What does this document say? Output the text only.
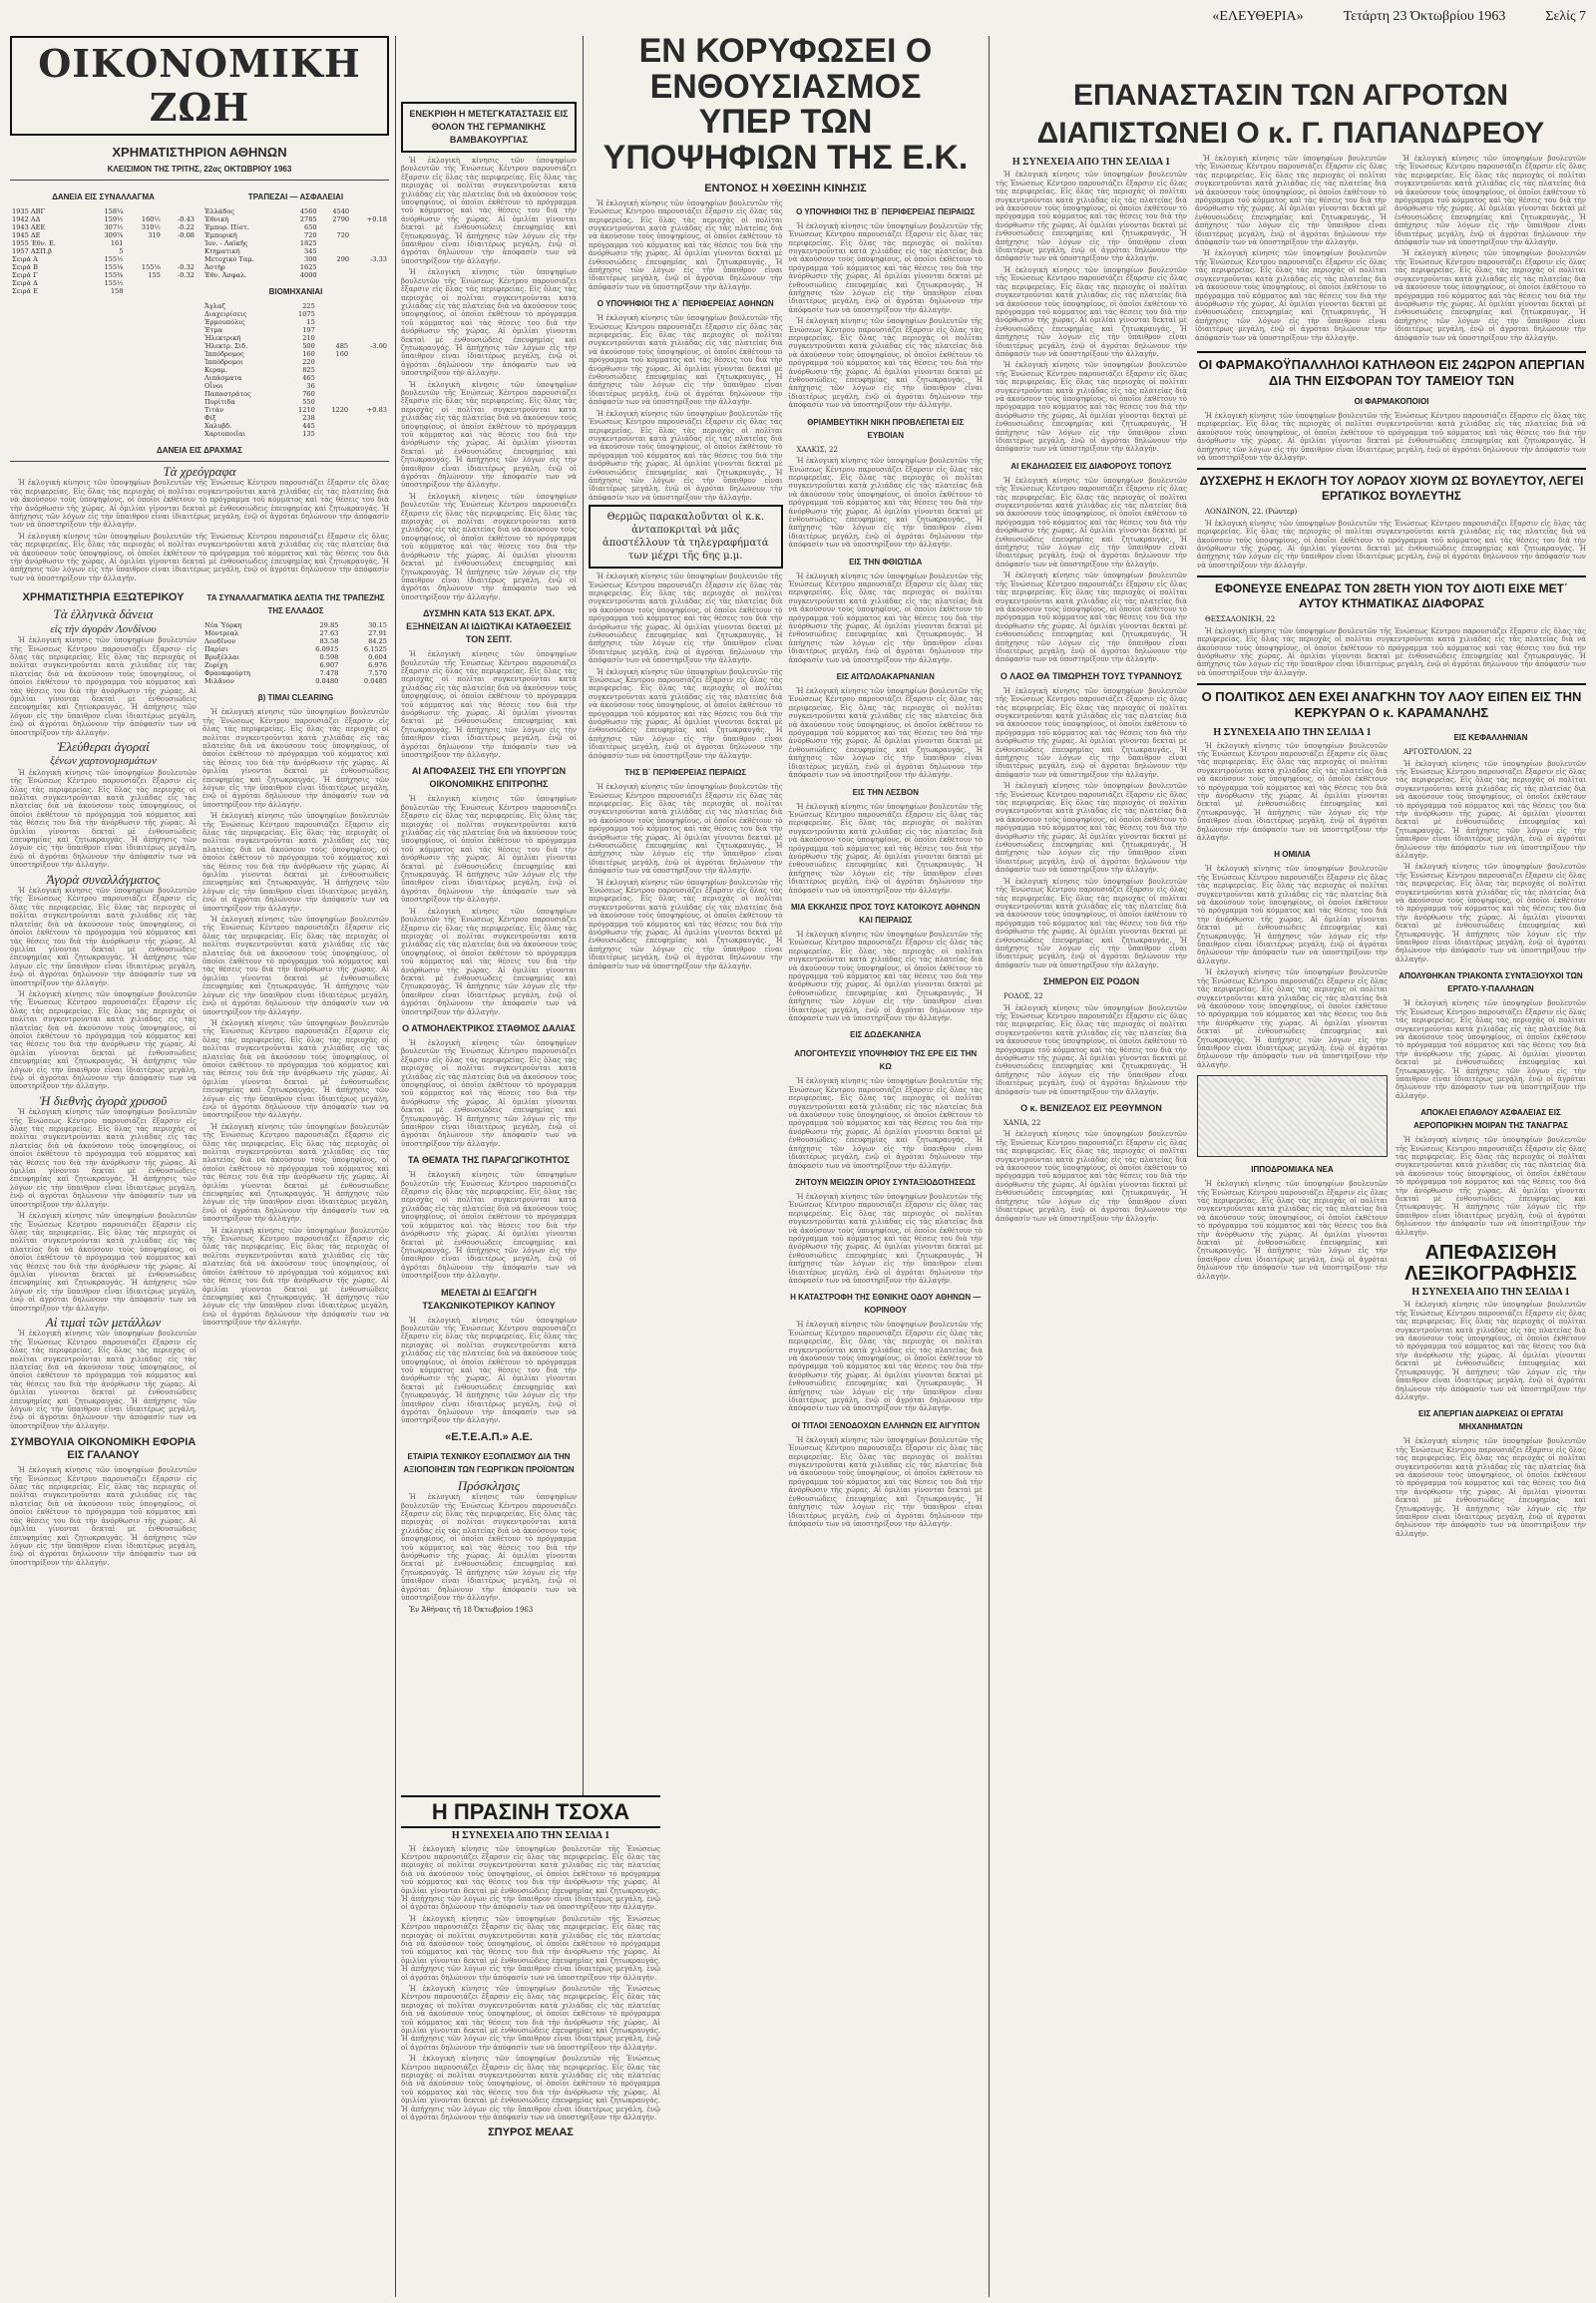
«ΕΛΕΥΘΕΡΙΑ»	Τετάρτη 23 Όκτωβρίου 1963	Σελίς 7
ΟΙΚΟΝΟΜΙΚΗ ΖΩΗ
ΧΡΗΜΑΤΙΣΤΗΡΙΟΝ ΑΘΗΝΩΝ
ΚΛΕΙΣΙΜΟΝ ΤΗΣ ΤΡΙΤΗΣ, 22ας ΟΚΤΩΒΡΙΟΥ 1963
ΔΑΝΕΙΑ ΕΙΣ ΣΥΝΑΛΛΑΓΜΑ
1935 ΑΒΓ	158¼		
1942 ΑΔ	159½	160½	-0.43
1943 ΑΕΕ	307½	310½	-0.22
1945 ΔΕ	309⅞	319	-0.08
1955 Έθν. Ε.	161		
1957 ΑΣΠ.β	5		
Σειρὰ Α	155½		
Σειρὰ Β	155⅛	155⅛	-0.32
Σειρὰ Γ	155⅜	155	-0.32
Σειρὰ Δ	155½		
Σειρὰ Ε	158		
ΤΡΑΠΕΖΑΙ — ΑΣΦΑΛΕΙΑΙ
Ἑλλάδος	4560	4540	
Ἐθνική	2785	2790	+0.18
Ἐμπορ. Πίστ.	650		
Ἐμπορική	720	720	
Ἰον. - Λαϊκῆς	1825		
Κτηματική	345		
Μετοχικὸ Ταμ.	300	290	-3.33
Ἀστήρ	1625		
Ἐθν. Ἀσφαλ.	4000		
ΒΙΟΜΗΧΑΝΙΑΙ
Ἄγλαζ	225		
Διαχειρίσεις	1075		
Ἐρμουπόλις	15		
Ἐτμα	197		
Ἡλεκτρική	210		
Ἠλεκτρ. Σιδ.	500	485	-3.00
Ἰππόδρομος	160	160	
Ἰππόδρομοι	220		
Κεραμ.	825		
Λιπάσματα	465		
Οἶνοι	36		
Παπαστράτος	760		
Πυρίτιδα	550		
Τιτάν	1210	1220	+0.83
Φίξ	238		
Χαλυβδ.	445		
Χαρτοποιΐαι	135		
ΔΑΝΕΙΑ ΕΙΣ ΔΡΑΧΜΑΣ
Τὰ χρεόγραφα

Ἡ ἐκλογικὴ κίνησις τῶν ὑποψηφίων βουλευτῶν τῆς Ἑνώσεως Κέντρου παρουσιάζει ἔξαρσιν εἰς ὅλας τὰς περιφερείας. Εἰς ὅλας τὰς περιοχὰς οἱ πολῖται συγκεντροῦνται κατὰ χιλιάδας εἰς τὰς πλατείας διὰ νὰ ἀκούσουν τοὺς ὑποψηφίους, οἱ ὁποῖοι ἐκθέτουν τὸ πρόγραμμα τοῦ κόμματος καὶ τὰς θέσεις του διὰ τὴν ἀνόρθωσιν τῆς χώρας. Αἱ ὁμιλίαι γίνονται δεκταὶ μὲ ἐνθουσιώδεις ἐπευφημίας καὶ ζητωκραυγάς. Ἡ ἀπήχησις τῶν λόγων εἰς τὴν ὕπαιθρον εἶναι ἰδιαιτέρως μεγάλη, ἐνῷ οἱ ἀγρόται δηλώνουν τὴν ἀπόφασίν των νὰ ὑποστηρίξουν τὴν ἀλλαγήν.

Ἡ ἐκλογικὴ κίνησις τῶν ὑποψηφίων βουλευτῶν τῆς Ἑνώσεως Κέντρου παρουσιάζει ἔξαρσιν εἰς ὅλας τὰς περιφερείας. Εἰς ὅλας τὰς περιοχὰς οἱ πολῖται συγκεντροῦνται κατὰ χιλιάδας εἰς τὰς πλατείας διὰ νὰ ἀκούσουν τοὺς ὑποψηφίους, οἱ ὁποῖοι ἐκθέτουν τὸ πρόγραμμα τοῦ κόμματος καὶ τὰς θέσεις του διὰ τὴν ἀνόρθωσιν τῆς χώρας. Αἱ ὁμιλίαι γίνονται δεκταὶ μὲ ἐνθουσιώδεις ἐπευφημίας καὶ ζητωκραυγάς. Ἡ ἀπήχησις τῶν λόγων εἰς τὴν ὕπαιθρον εἶναι ἰδιαιτέρως μεγάλη, ἐνῷ οἱ ἀγρόται δηλώνουν τὴν ἀπόφασίν των νὰ ὑποστηρίξουν τὴν ἀλλαγήν.

ΧΡΗΜΑΤΙΣΤΗΡΙΑ ΕΞΩΤΕΡΙΚΟΥ
Τὰ ἑλληνικὰ δάνεια
εἰς τὴν ἀγορὰν Λονδίνου

Ἡ ἐκλογικὴ κίνησις τῶν ὑποψηφίων βουλευτῶν τῆς Ἑνώσεως Κέντρου παρουσιάζει ἔξαρσιν εἰς ὅλας τὰς περιφερείας. Εἰς ὅλας τὰς περιοχὰς οἱ πολῖται συγκεντροῦνται κατὰ χιλιάδας εἰς τὰς πλατείας διὰ νὰ ἀκούσουν τοὺς ὑποψηφίους, οἱ ὁποῖοι ἐκθέτουν τὸ πρόγραμμα τοῦ κόμματος καὶ τὰς θέσεις του διὰ τὴν ἀνόρθωσιν τῆς χώρας. Αἱ ὁμιλίαι γίνονται δεκταὶ μὲ ἐνθουσιώδεις ἐπευφημίας καὶ ζητωκραυγάς. Ἡ ἀπήχησις τῶν λόγων εἰς τὴν ὕπαιθρον εἶναι ἰδιαιτέρως μεγάλη, ἐνῷ οἱ ἀγρόται δηλώνουν τὴν ἀπόφασίν των νὰ ὑποστηρίξουν τὴν ἀλλαγήν.

Ἐλεύθεραι ἀγοραί
ξένων χαρτονομισμάτων

Ἡ ἐκλογικὴ κίνησις τῶν ὑποψηφίων βουλευτῶν τῆς Ἑνώσεως Κέντρου παρουσιάζει ἔξαρσιν εἰς ὅλας τὰς περιφερείας. Εἰς ὅλας τὰς περιοχὰς οἱ πολῖται συγκεντροῦνται κατὰ χιλιάδας εἰς τὰς πλατείας διὰ νὰ ἀκούσουν τοὺς ὑποψηφίους, οἱ ὁποῖοι ἐκθέτουν τὸ πρόγραμμα τοῦ κόμματος καὶ τὰς θέσεις του διὰ τὴν ἀνόρθωσιν τῆς χώρας. Αἱ ὁμιλίαι γίνονται δεκταὶ μὲ ἐνθουσιώδεις ἐπευφημίας καὶ ζητωκραυγάς. Ἡ ἀπήχησις τῶν λόγων εἰς τὴν ὕπαιθρον εἶναι ἰδιαιτέρως μεγάλη, ἐνῷ οἱ ἀγρόται δηλώνουν τὴν ἀπόφασίν των νὰ ὑποστηρίξουν τὴν ἀλλαγήν.

Ἀγορὰ συναλλάγματος

Ἡ ἐκλογικὴ κίνησις τῶν ὑποψηφίων βουλευτῶν τῆς Ἑνώσεως Κέντρου παρουσιάζει ἔξαρσιν εἰς ὅλας τὰς περιφερείας. Εἰς ὅλας τὰς περιοχὰς οἱ πολῖται συγκεντροῦνται κατὰ χιλιάδας εἰς τὰς πλατείας διὰ νὰ ἀκούσουν τοὺς ὑποψηφίους, οἱ ὁποῖοι ἐκθέτουν τὸ πρόγραμμα τοῦ κόμματος καὶ τὰς θέσεις του διὰ τὴν ἀνόρθωσιν τῆς χώρας. Αἱ ὁμιλίαι γίνονται δεκταὶ μὲ ἐνθουσιώδεις ἐπευφημίας καὶ ζητωκραυγάς. Ἡ ἀπήχησις τῶν λόγων εἰς τὴν ὕπαιθρον εἶναι ἰδιαιτέρως μεγάλη, ἐνῷ οἱ ἀγρόται δηλώνουν τὴν ἀπόφασίν των νὰ ὑποστηρίξουν τὴν ἀλλαγήν.

Ἡ ἐκλογικὴ κίνησις τῶν ὑποψηφίων βουλευτῶν τῆς Ἑνώσεως Κέντρου παρουσιάζει ἔξαρσιν εἰς ὅλας τὰς περιφερείας. Εἰς ὅλας τὰς περιοχὰς οἱ πολῖται συγκεντροῦνται κατὰ χιλιάδας εἰς τὰς πλατείας διὰ νὰ ἀκούσουν τοὺς ὑποψηφίους, οἱ ὁποῖοι ἐκθέτουν τὸ πρόγραμμα τοῦ κόμματος καὶ τὰς θέσεις του διὰ τὴν ἀνόρθωσιν τῆς χώρας. Αἱ ὁμιλίαι γίνονται δεκταὶ μὲ ἐνθουσιώδεις ἐπευφημίας καὶ ζητωκραυγάς. Ἡ ἀπήχησις τῶν λόγων εἰς τὴν ὕπαιθρον εἶναι ἰδιαιτέρως μεγάλη, ἐνῷ οἱ ἀγρόται δηλώνουν τὴν ἀπόφασίν των νὰ ὑποστηρίξουν τὴν ἀλλαγήν.

Ἡ διεθνὴς ἀγορὰ χρυσοῦ

Ἡ ἐκλογικὴ κίνησις τῶν ὑποψηφίων βουλευτῶν τῆς Ἑνώσεως Κέντρου παρουσιάζει ἔξαρσιν εἰς ὅλας τὰς περιφερείας. Εἰς ὅλας τὰς περιοχὰς οἱ πολῖται συγκεντροῦνται κατὰ χιλιάδας εἰς τὰς πλατείας διὰ νὰ ἀκούσουν τοὺς ὑποψηφίους, οἱ ὁποῖοι ἐκθέτουν τὸ πρόγραμμα τοῦ κόμματος καὶ τὰς θέσεις του διὰ τὴν ἀνόρθωσιν τῆς χώρας. Αἱ ὁμιλίαι γίνονται δεκταὶ μὲ ἐνθουσιώδεις ἐπευφημίας καὶ ζητωκραυγάς. Ἡ ἀπήχησις τῶν λόγων εἰς τὴν ὕπαιθρον εἶναι ἰδιαιτέρως μεγάλη, ἐνῷ οἱ ἀγρόται δηλώνουν τὴν ἀπόφασίν των νὰ ὑποστηρίξουν τὴν ἀλλαγήν.

Ἡ ἐκλογικὴ κίνησις τῶν ὑποψηφίων βουλευτῶν τῆς Ἑνώσεως Κέντρου παρουσιάζει ἔξαρσιν εἰς ὅλας τὰς περιφερείας. Εἰς ὅλας τὰς περιοχὰς οἱ πολῖται συγκεντροῦνται κατὰ χιλιάδας εἰς τὰς πλατείας διὰ νὰ ἀκούσουν τοὺς ὑποψηφίους, οἱ ὁποῖοι ἐκθέτουν τὸ πρόγραμμα τοῦ κόμματος καὶ τὰς θέσεις του διὰ τὴν ἀνόρθωσιν τῆς χώρας. Αἱ ὁμιλίαι γίνονται δεκταὶ μὲ ἐνθουσιώδεις ἐπευφημίας καὶ ζητωκραυγάς. Ἡ ἀπήχησις τῶν λόγων εἰς τὴν ὕπαιθρον εἶναι ἰδιαιτέρως μεγάλη, ἐνῷ οἱ ἀγρόται δηλώνουν τὴν ἀπόφασίν των νὰ ὑποστηρίξουν τὴν ἀλλαγήν.

Αἱ τιμαὶ τῶν μετάλλων

Ἡ ἐκλογικὴ κίνησις τῶν ὑποψηφίων βουλευτῶν τῆς Ἑνώσεως Κέντρου παρουσιάζει ἔξαρσιν εἰς ὅλας τὰς περιφερείας. Εἰς ὅλας τὰς περιοχὰς οἱ πολῖται συγκεντροῦνται κατὰ χιλιάδας εἰς τὰς πλατείας διὰ νὰ ἀκούσουν τοὺς ὑποψηφίους, οἱ ὁποῖοι ἐκθέτουν τὸ πρόγραμμα τοῦ κόμματος καὶ τὰς θέσεις του διὰ τὴν ἀνόρθωσιν τῆς χώρας. Αἱ ὁμιλίαι γίνονται δεκταὶ μὲ ἐνθουσιώδεις ἐπευφημίας καὶ ζητωκραυγάς. Ἡ ἀπήχησις τῶν λόγων εἰς τὴν ὕπαιθρον εἶναι ἰδιαιτέρως μεγάλη, ἐνῷ οἱ ἀγρόται δηλώνουν τὴν ἀπόφασίν των νὰ ὑποστηρίξουν τὴν ἀλλαγήν.

ΣΥΜΒΟΥΛΙΑ ΟΙΚΟΝΟΜΙΚΗ ΕΦΟΡΙΑ ΕΙΣ ΓΑΛΑΝΟΥ

Ἡ ἐκλογικὴ κίνησις τῶν ὑποψηφίων βουλευτῶν τῆς Ἑνώσεως Κέντρου παρουσιάζει ἔξαρσιν εἰς ὅλας τὰς περιφερείας. Εἰς ὅλας τὰς περιοχὰς οἱ πολῖται συγκεντροῦνται κατὰ χιλιάδας εἰς τὰς πλατείας διὰ νὰ ἀκούσουν τοὺς ὑποψηφίους, οἱ ὁποῖοι ἐκθέτουν τὸ πρόγραμμα τοῦ κόμματος καὶ τὰς θέσεις του διὰ τὴν ἀνόρθωσιν τῆς χώρας. Αἱ ὁμιλίαι γίνονται δεκταὶ μὲ ἐνθουσιώδεις ἐπευφημίας καὶ ζητωκραυγάς. Ἡ ἀπήχησις τῶν λόγων εἰς τὴν ὕπαιθρον εἶναι ἰδιαιτέρως μεγάλη, ἐνῷ οἱ ἀγρόται δηλώνουν τὴν ἀπόφασίν των νὰ ὑποστηρίξουν τὴν ἀλλαγήν.

ΤΑ ΣΥΝΑΛΛΑΓΜΑΤΙΚΑ ΔΕΛΤΙΑ ΤΗΣ ΤΡΑΠΕΖΗΣ ΤΗΣ ΕΛΛΑΔΟΣ
Νέα Ὑόρκη	29.85	30.15
Μόντρεαλ	27.63	27.91
Λονδῖνον	83.58	84.25
Παρίσι	6.0915	6.1525
Βρυξέλλαι	0.598	0.604
Ζυρίχη	6.907	6.976
Φρανκφούρτη	7.478	7.570
Μιλᾶνον	0.0480	0.0485
β) ΤΙΜΑΙ CLEARING

Ἡ ἐκλογικὴ κίνησις τῶν ὑποψηφίων βουλευτῶν τῆς Ἑνώσεως Κέντρου παρουσιάζει ἔξαρσιν εἰς ὅλας τὰς περιφερείας. Εἰς ὅλας τὰς περιοχὰς οἱ πολῖται συγκεντροῦνται κατὰ χιλιάδας εἰς τὰς πλατείας διὰ νὰ ἀκούσουν τοὺς ὑποψηφίους, οἱ ὁποῖοι ἐκθέτουν τὸ πρόγραμμα τοῦ κόμματος καὶ τὰς θέσεις του διὰ τὴν ἀνόρθωσιν τῆς χώρας. Αἱ ὁμιλίαι γίνονται δεκταὶ μὲ ἐνθουσιώδεις ἐπευφημίας καὶ ζητωκραυγάς. Ἡ ἀπήχησις τῶν λόγων εἰς τὴν ὕπαιθρον εἶναι ἰδιαιτέρως μεγάλη, ἐνῷ οἱ ἀγρόται δηλώνουν τὴν ἀπόφασίν των νὰ ὑποστηρίξουν τὴν ἀλλαγήν.

Ἡ ἐκλογικὴ κίνησις τῶν ὑποψηφίων βουλευτῶν τῆς Ἑνώσεως Κέντρου παρουσιάζει ἔξαρσιν εἰς ὅλας τὰς περιφερείας. Εἰς ὅλας τὰς περιοχὰς οἱ πολῖται συγκεντροῦνται κατὰ χιλιάδας εἰς τὰς πλατείας διὰ νὰ ἀκούσουν τοὺς ὑποψηφίους, οἱ ὁποῖοι ἐκθέτουν τὸ πρόγραμμα τοῦ κόμματος καὶ τὰς θέσεις του διὰ τὴν ἀνόρθωσιν τῆς χώρας. Αἱ ὁμιλίαι γίνονται δεκταὶ μὲ ἐνθουσιώδεις ἐπευφημίας καὶ ζητωκραυγάς. Ἡ ἀπήχησις τῶν λόγων εἰς τὴν ὕπαιθρον εἶναι ἰδιαιτέρως μεγάλη, ἐνῷ οἱ ἀγρόται δηλώνουν τὴν ἀπόφασίν των νὰ ὑποστηρίξουν τὴν ἀλλαγήν.

Ἡ ἐκλογικὴ κίνησις τῶν ὑποψηφίων βουλευτῶν τῆς Ἑνώσεως Κέντρου παρουσιάζει ἔξαρσιν εἰς ὅλας τὰς περιφερείας. Εἰς ὅλας τὰς περιοχὰς οἱ πολῖται συγκεντροῦνται κατὰ χιλιάδας εἰς τὰς πλατείας διὰ νὰ ἀκούσουν τοὺς ὑποψηφίους, οἱ ὁποῖοι ἐκθέτουν τὸ πρόγραμμα τοῦ κόμματος καὶ τὰς θέσεις του διὰ τὴν ἀνόρθωσιν τῆς χώρας. Αἱ ὁμιλίαι γίνονται δεκταὶ μὲ ἐνθουσιώδεις ἐπευφημίας καὶ ζητωκραυγάς. Ἡ ἀπήχησις τῶν λόγων εἰς τὴν ὕπαιθρον εἶναι ἰδιαιτέρως μεγάλη, ἐνῷ οἱ ἀγρόται δηλώνουν τὴν ἀπόφασίν των νὰ ὑποστηρίξουν τὴν ἀλλαγήν.

Ἡ ἐκλογικὴ κίνησις τῶν ὑποψηφίων βουλευτῶν τῆς Ἑνώσεως Κέντρου παρουσιάζει ἔξαρσιν εἰς ὅλας τὰς περιφερείας. Εἰς ὅλας τὰς περιοχὰς οἱ πολῖται συγκεντροῦνται κατὰ χιλιάδας εἰς τὰς πλατείας διὰ νὰ ἀκούσουν τοὺς ὑποψηφίους, οἱ ὁποῖοι ἐκθέτουν τὸ πρόγραμμα τοῦ κόμματος καὶ τὰς θέσεις του διὰ τὴν ἀνόρθωσιν τῆς χώρας. Αἱ ὁμιλίαι γίνονται δεκταὶ μὲ ἐνθουσιώδεις ἐπευφημίας καὶ ζητωκραυγάς. Ἡ ἀπήχησις τῶν λόγων εἰς τὴν ὕπαιθρον εἶναι ἰδιαιτέρως μεγάλη, ἐνῷ οἱ ἀγρόται δηλώνουν τὴν ἀπόφασίν των νὰ ὑποστηρίξουν τὴν ἀλλαγήν.

Ἡ ἐκλογικὴ κίνησις τῶν ὑποψηφίων βουλευτῶν τῆς Ἑνώσεως Κέντρου παρουσιάζει ἔξαρσιν εἰς ὅλας τὰς περιφερείας. Εἰς ὅλας τὰς περιοχὰς οἱ πολῖται συγκεντροῦνται κατὰ χιλιάδας εἰς τὰς πλατείας διὰ νὰ ἀκούσουν τοὺς ὑποψηφίους, οἱ ὁποῖοι ἐκθέτουν τὸ πρόγραμμα τοῦ κόμματος καὶ τὰς θέσεις του διὰ τὴν ἀνόρθωσιν τῆς χώρας. Αἱ ὁμιλίαι γίνονται δεκταὶ μὲ ἐνθουσιώδεις ἐπευφημίας καὶ ζητωκραυγάς. Ἡ ἀπήχησις τῶν λόγων εἰς τὴν ὕπαιθρον εἶναι ἰδιαιτέρως μεγάλη, ἐνῷ οἱ ἀγρόται δηλώνουν τὴν ἀπόφασίν των νὰ ὑποστηρίξουν τὴν ἀλλαγήν.

Ἡ ἐκλογικὴ κίνησις τῶν ὑποψηφίων βουλευτῶν τῆς Ἑνώσεως Κέντρου παρουσιάζει ἔξαρσιν εἰς ὅλας τὰς περιφερείας. Εἰς ὅλας τὰς περιοχὰς οἱ πολῖται συγκεντροῦνται κατὰ χιλιάδας εἰς τὰς πλατείας διὰ νὰ ἀκούσουν τοὺς ὑποψηφίους, οἱ ὁποῖοι ἐκθέτουν τὸ πρόγραμμα τοῦ κόμματος καὶ τὰς θέσεις του διὰ τὴν ἀνόρθωσιν τῆς χώρας. Αἱ ὁμιλίαι γίνονται δεκταὶ μὲ ἐνθουσιώδεις ἐπευφημίας καὶ ζητωκραυγάς. Ἡ ἀπήχησις τῶν λόγων εἰς τὴν ὕπαιθρον εἶναι ἰδιαιτέρως μεγάλη, ἐνῷ οἱ ἀγρόται δηλώνουν τὴν ἀπόφασίν των νὰ ὑποστηρίξουν τὴν ἀλλαγήν.

ΕΝΕΚΡΙΘΗ Η ΜΕΤΕΓΚΑΤΑΣΤΑΣΙΣ ΕΙΣ ΘΟΛΟΝ ΤΗΣ ΓΕΡΜΑΝΙΚΗΣ ΒΑΜΒΑΚΟΥΡΓΙΑΣ

Ἡ ἐκλογικὴ κίνησις τῶν ὑποψηφίων βουλευτῶν τῆς Ἑνώσεως Κέντρου παρουσιάζει ἔξαρσιν εἰς ὅλας τὰς περιφερείας. Εἰς ὅλας τὰς περιοχὰς οἱ πολῖται συγκεντροῦνται κατὰ χιλιάδας εἰς τὰς πλατείας διὰ νὰ ἀκούσουν τοὺς ὑποψηφίους, οἱ ὁποῖοι ἐκθέτουν τὸ πρόγραμμα τοῦ κόμματος καὶ τὰς θέσεις του διὰ τὴν ἀνόρθωσιν τῆς χώρας. Αἱ ὁμιλίαι γίνονται δεκταὶ μὲ ἐνθουσιώδεις ἐπευφημίας καὶ ζητωκραυγάς. Ἡ ἀπήχησις τῶν λόγων εἰς τὴν ὕπαιθρον εἶναι ἰδιαιτέρως μεγάλη, ἐνῷ οἱ ἀγρόται δηλώνουν τὴν ἀπόφασίν των νὰ ὑποστηρίξουν τὴν ἀλλαγήν.

Ἡ ἐκλογικὴ κίνησις τῶν ὑποψηφίων βουλευτῶν τῆς Ἑνώσεως Κέντρου παρουσιάζει ἔξαρσιν εἰς ὅλας τὰς περιφερείας. Εἰς ὅλας τὰς περιοχὰς οἱ πολῖται συγκεντροῦνται κατὰ χιλιάδας εἰς τὰς πλατείας διὰ νὰ ἀκούσουν τοὺς ὑποψηφίους, οἱ ὁποῖοι ἐκθέτουν τὸ πρόγραμμα τοῦ κόμματος καὶ τὰς θέσεις του διὰ τὴν ἀνόρθωσιν τῆς χώρας. Αἱ ὁμιλίαι γίνονται δεκταὶ μὲ ἐνθουσιώδεις ἐπευφημίας καὶ ζητωκραυγάς. Ἡ ἀπήχησις τῶν λόγων εἰς τὴν ὕπαιθρον εἶναι ἰδιαιτέρως μεγάλη, ἐνῷ οἱ ἀγρόται δηλώνουν τὴν ἀπόφασίν των νὰ ὑποστηρίξουν τὴν ἀλλαγήν.

Ἡ ἐκλογικὴ κίνησις τῶν ὑποψηφίων βουλευτῶν τῆς Ἑνώσεως Κέντρου παρουσιάζει ἔξαρσιν εἰς ὅλας τὰς περιφερείας. Εἰς ὅλας τὰς περιοχὰς οἱ πολῖται συγκεντροῦνται κατὰ χιλιάδας εἰς τὰς πλατείας διὰ νὰ ἀκούσουν τοὺς ὑποψηφίους, οἱ ὁποῖοι ἐκθέτουν τὸ πρόγραμμα τοῦ κόμματος καὶ τὰς θέσεις του διὰ τὴν ἀνόρθωσιν τῆς χώρας. Αἱ ὁμιλίαι γίνονται δεκταὶ μὲ ἐνθουσιώδεις ἐπευφημίας καὶ ζητωκραυγάς. Ἡ ἀπήχησις τῶν λόγων εἰς τὴν ὕπαιθρον εἶναι ἰδιαιτέρως μεγάλη, ἐνῷ οἱ ἀγρόται δηλώνουν τὴν ἀπόφασίν των νὰ ὑποστηρίξουν τὴν ἀλλαγήν.

Ἡ ἐκλογικὴ κίνησις τῶν ὑποψηφίων βουλευτῶν τῆς Ἑνώσεως Κέντρου παρουσιάζει ἔξαρσιν εἰς ὅλας τὰς περιφερείας. Εἰς ὅλας τὰς περιοχὰς οἱ πολῖται συγκεντροῦνται κατὰ χιλιάδας εἰς τὰς πλατείας διὰ νὰ ἀκούσουν τοὺς ὑποψηφίους, οἱ ὁποῖοι ἐκθέτουν τὸ πρόγραμμα τοῦ κόμματος καὶ τὰς θέσεις του διὰ τὴν ἀνόρθωσιν τῆς χώρας. Αἱ ὁμιλίαι γίνονται δεκταὶ μὲ ἐνθουσιώδεις ἐπευφημίας καὶ ζητωκραυγάς. Ἡ ἀπήχησις τῶν λόγων εἰς τὴν ὕπαιθρον εἶναι ἰδιαιτέρως μεγάλη, ἐνῷ οἱ ἀγρόται δηλώνουν τὴν ἀπόφασίν των νὰ ὑποστηρίξουν τὴν ἀλλαγήν.

ΔΥΣΜΗΝ ΚΑΤΑ 513 ΕΚΑΤ. ΔΡΧ. ΕΞΗΝΕΙΣΑΝ ΑΙ ΙΔΙΩΤΙΚΑΙ ΚΑΤΑΘΕΣΕΙΣ ΤΟΝ ΣΕΠΤ.

Ἡ ἐκλογικὴ κίνησις τῶν ὑποψηφίων βουλευτῶν τῆς Ἑνώσεως Κέντρου παρουσιάζει ἔξαρσιν εἰς ὅλας τὰς περιφερείας. Εἰς ὅλας τὰς περιοχὰς οἱ πολῖται συγκεντροῦνται κατὰ χιλιάδας εἰς τὰς πλατείας διὰ νὰ ἀκούσουν τοὺς ὑποψηφίους, οἱ ὁποῖοι ἐκθέτουν τὸ πρόγραμμα τοῦ κόμματος καὶ τὰς θέσεις του διὰ τὴν ἀνόρθωσιν τῆς χώρας. Αἱ ὁμιλίαι γίνονται δεκταὶ μὲ ἐνθουσιώδεις ἐπευφημίας καὶ ζητωκραυγάς. Ἡ ἀπήχησις τῶν λόγων εἰς τὴν ὕπαιθρον εἶναι ἰδιαιτέρως μεγάλη, ἐνῷ οἱ ἀγρόται δηλώνουν τὴν ἀπόφασίν των νὰ ὑποστηρίξουν τὴν ἀλλαγήν.

ΑΙ ΑΠΟΦΑΣΕΙΣ ΤΗΣ ΕΠΙ ΥΠΟΥΡΓΩΝ ΟΙΚΟΝΟΜΙΚΗΣ ΕΠΙΤΡΟΠΗΣ

Ἡ ἐκλογικὴ κίνησις τῶν ὑποψηφίων βουλευτῶν τῆς Ἑνώσεως Κέντρου παρουσιάζει ἔξαρσιν εἰς ὅλας τὰς περιφερείας. Εἰς ὅλας τὰς περιοχὰς οἱ πολῖται συγκεντροῦνται κατὰ χιλιάδας εἰς τὰς πλατείας διὰ νὰ ἀκούσουν τοὺς ὑποψηφίους, οἱ ὁποῖοι ἐκθέτουν τὸ πρόγραμμα τοῦ κόμματος καὶ τὰς θέσεις του διὰ τὴν ἀνόρθωσιν τῆς χώρας. Αἱ ὁμιλίαι γίνονται δεκταὶ μὲ ἐνθουσιώδεις ἐπευφημίας καὶ ζητωκραυγάς. Ἡ ἀπήχησις τῶν λόγων εἰς τὴν ὕπαιθρον εἶναι ἰδιαιτέρως μεγάλη, ἐνῷ οἱ ἀγρόται δηλώνουν τὴν ἀπόφασίν των νὰ ὑποστηρίξουν τὴν ἀλλαγήν.

Ἡ ἐκλογικὴ κίνησις τῶν ὑποψηφίων βουλευτῶν τῆς Ἑνώσεως Κέντρου παρουσιάζει ἔξαρσιν εἰς ὅλας τὰς περιφερείας. Εἰς ὅλας τὰς περιοχὰς οἱ πολῖται συγκεντροῦνται κατὰ χιλιάδας εἰς τὰς πλατείας διὰ νὰ ἀκούσουν τοὺς ὑποψηφίους, οἱ ὁποῖοι ἐκθέτουν τὸ πρόγραμμα τοῦ κόμματος καὶ τὰς θέσεις του διὰ τὴν ἀνόρθωσιν τῆς χώρας. Αἱ ὁμιλίαι γίνονται δεκταὶ μὲ ἐνθουσιώδεις ἐπευφημίας καὶ ζητωκραυγάς. Ἡ ἀπήχησις τῶν λόγων εἰς τὴν ὕπαιθρον εἶναι ἰδιαιτέρως μεγάλη, ἐνῷ οἱ ἀγρόται δηλώνουν τὴν ἀπόφασίν των νὰ ὑποστηρίξουν τὴν ἀλλαγήν.

Ο ΑΤΜΟΗΛΕΚΤΡΙΚΟΣ ΣΤΑΘΜΟΣ ΔΑΛΙΑΣ

Ἡ ἐκλογικὴ κίνησις τῶν ὑποψηφίων βουλευτῶν τῆς Ἑνώσεως Κέντρου παρουσιάζει ἔξαρσιν εἰς ὅλας τὰς περιφερείας. Εἰς ὅλας τὰς περιοχὰς οἱ πολῖται συγκεντροῦνται κατὰ χιλιάδας εἰς τὰς πλατείας διὰ νὰ ἀκούσουν τοὺς ὑποψηφίους, οἱ ὁποῖοι ἐκθέτουν τὸ πρόγραμμα τοῦ κόμματος καὶ τὰς θέσεις του διὰ τὴν ἀνόρθωσιν τῆς χώρας. Αἱ ὁμιλίαι γίνονται δεκταὶ μὲ ἐνθουσιώδεις ἐπευφημίας καὶ ζητωκραυγάς. Ἡ ἀπήχησις τῶν λόγων εἰς τὴν ὕπαιθρον εἶναι ἰδιαιτέρως μεγάλη, ἐνῷ οἱ ἀγρόται δηλώνουν τὴν ἀπόφασίν των νὰ ὑποστηρίξουν τὴν ἀλλαγήν.

ΤΑ ΘΕΜΑΤΑ ΤΗΣ ΠΑΡΑΓΩΓΙΚΟΤΗΤΟΣ

Ἡ ἐκλογικὴ κίνησις τῶν ὑποψηφίων βουλευτῶν τῆς Ἑνώσεως Κέντρου παρουσιάζει ἔξαρσιν εἰς ὅλας τὰς περιφερείας. Εἰς ὅλας τὰς περιοχὰς οἱ πολῖται συγκεντροῦνται κατὰ χιλιάδας εἰς τὰς πλατείας διὰ νὰ ἀκούσουν τοὺς ὑποψηφίους, οἱ ὁποῖοι ἐκθέτουν τὸ πρόγραμμα τοῦ κόμματος καὶ τὰς θέσεις του διὰ τὴν ἀνόρθωσιν τῆς χώρας. Αἱ ὁμιλίαι γίνονται δεκταὶ μὲ ἐνθουσιώδεις ἐπευφημίας καὶ ζητωκραυγάς. Ἡ ἀπήχησις τῶν λόγων εἰς τὴν ὕπαιθρον εἶναι ἰδιαιτέρως μεγάλη, ἐνῷ οἱ ἀγρόται δηλώνουν τὴν ἀπόφασίν των νὰ ὑποστηρίξουν τὴν ἀλλαγήν.

ΜΕΛΕΤΑΙ ΔΙ ΕΞΑΓΩΓΗ ΤΣΑΚΩΝΙΚΟΤΕΡΙΚΟΥ ΚΑΠΝΟΥ

Ἡ ἐκλογικὴ κίνησις τῶν ὑποψηφίων βουλευτῶν τῆς Ἑνώσεως Κέντρου παρουσιάζει ἔξαρσιν εἰς ὅλας τὰς περιφερείας. Εἰς ὅλας τὰς περιοχὰς οἱ πολῖται συγκεντροῦνται κατὰ χιλιάδας εἰς τὰς πλατείας διὰ νὰ ἀκούσουν τοὺς ὑποψηφίους, οἱ ὁποῖοι ἐκθέτουν τὸ πρόγραμμα τοῦ κόμματος καὶ τὰς θέσεις του διὰ τὴν ἀνόρθωσιν τῆς χώρας. Αἱ ὁμιλίαι γίνονται δεκταὶ μὲ ἐνθουσιώδεις ἐπευφημίας καὶ ζητωκραυγάς. Ἡ ἀπήχησις τῶν λόγων εἰς τὴν ὕπαιθρον εἶναι ἰδιαιτέρως μεγάλη, ἐνῷ οἱ ἀγρόται δηλώνουν τὴν ἀπόφασίν των νὰ ὑποστηρίξουν τὴν ἀλλαγήν.

«Ε.Τ.Ε.Α.Π.» Α.Ε.
ΕΤΑΙΡΙΑ ΤΕΧΝΙΚΟΥ ΕΞΟΠΛΙΣΜΟΥ ΔΙΑ ΤΗΝ ΑΞΙΟΠΟΙΗΣΙΝ ΤΩΝ ΓΕΩΡΓΙΚΩΝ ΠΡΟΪΟΝΤΩΝ
Πρόσκλησις

Ἡ ἐκλογικὴ κίνησις τῶν ὑποψηφίων βουλευτῶν τῆς Ἑνώσεως Κέντρου παρουσιάζει ἔξαρσιν εἰς ὅλας τὰς περιφερείας. Εἰς ὅλας τὰς περιοχὰς οἱ πολῖται συγκεντροῦνται κατὰ χιλιάδας εἰς τὰς πλατείας διὰ νὰ ἀκούσουν τοὺς ὑποψηφίους, οἱ ὁποῖοι ἐκθέτουν τὸ πρόγραμμα τοῦ κόμματος καὶ τὰς θέσεις του διὰ τὴν ἀνόρθωσιν τῆς χώρας. Αἱ ὁμιλίαι γίνονται δεκταὶ μὲ ἐνθουσιώδεις ἐπευφημίας καὶ ζητωκραυγάς. Ἡ ἀπήχησις τῶν λόγων εἰς τὴν ὕπαιθρον εἶναι ἰδιαιτέρως μεγάλη, ἐνῷ οἱ ἀγρόται δηλώνουν τὴν ἀπόφασίν των νὰ ὑποστηρίξουν τὴν ἀλλαγήν.

Ἐν Ἀθήναις τῇ 18 Ὀκτωβρίου 1963

ΕΝ ΚΟΡΥΦΩΣΕΙ Ο ΕΝΘΟΥΣΙΑΣΜΟΣ
ΥΠΕΡ ΤΩΝ ΥΠΟΨΗΦΙΩΝ ΤΗΣ Ε.Κ.
ΕΝΤΟΝΟΣ Η ΧΘΕΣΙΝΗ ΚΙΝΗΣΙΣ

Ἡ ἐκλογικὴ κίνησις τῶν ὑποψηφίων βουλευτῶν τῆς Ἑνώσεως Κέντρου παρουσιάζει ἔξαρσιν εἰς ὅλας τὰς περιφερείας. Εἰς ὅλας τὰς περιοχὰς οἱ πολῖται συγκεντροῦνται κατὰ χιλιάδας εἰς τὰς πλατείας διὰ νὰ ἀκούσουν τοὺς ὑποψηφίους, οἱ ὁποῖοι ἐκθέτουν τὸ πρόγραμμα τοῦ κόμματος καὶ τὰς θέσεις του διὰ τὴν ἀνόρθωσιν τῆς χώρας. Αἱ ὁμιλίαι γίνονται δεκταὶ μὲ ἐνθουσιώδεις ἐπευφημίας καὶ ζητωκραυγάς. Ἡ ἀπήχησις τῶν λόγων εἰς τὴν ὕπαιθρον εἶναι ἰδιαιτέρως μεγάλη, ἐνῷ οἱ ἀγρόται δηλώνουν τὴν ἀπόφασίν των νὰ ὑποστηρίξουν τὴν ἀλλαγήν.

Ο ΥΠΟΨΗΦΙΟΙ ΤΗΣ Α΄ ΠΕΡΙΦΕΡΕΙΑΣ ΑΘΗΝΩΝ

Ἡ ἐκλογικὴ κίνησις τῶν ὑποψηφίων βουλευτῶν τῆς Ἑνώσεως Κέντρου παρουσιάζει ἔξαρσιν εἰς ὅλας τὰς περιφερείας. Εἰς ὅλας τὰς περιοχὰς οἱ πολῖται συγκεντροῦνται κατὰ χιλιάδας εἰς τὰς πλατείας διὰ νὰ ἀκούσουν τοὺς ὑποψηφίους, οἱ ὁποῖοι ἐκθέτουν τὸ πρόγραμμα τοῦ κόμματος καὶ τὰς θέσεις του διὰ τὴν ἀνόρθωσιν τῆς χώρας. Αἱ ὁμιλίαι γίνονται δεκταὶ μὲ ἐνθουσιώδεις ἐπευφημίας καὶ ζητωκραυγάς. Ἡ ἀπήχησις τῶν λόγων εἰς τὴν ὕπαιθρον εἶναι ἰδιαιτέρως μεγάλη, ἐνῷ οἱ ἀγρόται δηλώνουν τὴν ἀπόφασίν των νὰ ὑποστηρίξουν τὴν ἀλλαγήν.

Ἡ ἐκλογικὴ κίνησις τῶν ὑποψηφίων βουλευτῶν τῆς Ἑνώσεως Κέντρου παρουσιάζει ἔξαρσιν εἰς ὅλας τὰς περιφερείας. Εἰς ὅλας τὰς περιοχὰς οἱ πολῖται συγκεντροῦνται κατὰ χιλιάδας εἰς τὰς πλατείας διὰ νὰ ἀκούσουν τοὺς ὑποψηφίους, οἱ ὁποῖοι ἐκθέτουν τὸ πρόγραμμα τοῦ κόμματος καὶ τὰς θέσεις του διὰ τὴν ἀνόρθωσιν τῆς χώρας. Αἱ ὁμιλίαι γίνονται δεκταὶ μὲ ἐνθουσιώδεις ἐπευφημίας καὶ ζητωκραυγάς. Ἡ ἀπήχησις τῶν λόγων εἰς τὴν ὕπαιθρον εἶναι ἰδιαιτέρως μεγάλη, ἐνῷ οἱ ἀγρόται δηλώνουν τὴν ἀπόφασίν των νὰ ὑποστηρίξουν τὴν ἀλλαγήν.

Θερμῶς παρακαλοῦνται οἱ κ.κ. ἀνταποκριταὶ νὰ μᾶς ἀποστέλλουν τὰ τηλεγραφήματά των μέχρι τῆς 6ης μ.μ.

Ἡ ἐκλογικὴ κίνησις τῶν ὑποψηφίων βουλευτῶν τῆς Ἑνώσεως Κέντρου παρουσιάζει ἔξαρσιν εἰς ὅλας τὰς περιφερείας. Εἰς ὅλας τὰς περιοχὰς οἱ πολῖται συγκεντροῦνται κατὰ χιλιάδας εἰς τὰς πλατείας διὰ νὰ ἀκούσουν τοὺς ὑποψηφίους, οἱ ὁποῖοι ἐκθέτουν τὸ πρόγραμμα τοῦ κόμματος καὶ τὰς θέσεις του διὰ τὴν ἀνόρθωσιν τῆς χώρας. Αἱ ὁμιλίαι γίνονται δεκταὶ μὲ ἐνθουσιώδεις ἐπευφημίας καὶ ζητωκραυγάς. Ἡ ἀπήχησις τῶν λόγων εἰς τὴν ὕπαιθρον εἶναι ἰδιαιτέρως μεγάλη, ἐνῷ οἱ ἀγρόται δηλώνουν τὴν ἀπόφασίν των νὰ ὑποστηρίξουν τὴν ἀλλαγήν.

Ἡ ἐκλογικὴ κίνησις τῶν ὑποψηφίων βουλευτῶν τῆς Ἑνώσεως Κέντρου παρουσιάζει ἔξαρσιν εἰς ὅλας τὰς περιφερείας. Εἰς ὅλας τὰς περιοχὰς οἱ πολῖται συγκεντροῦνται κατὰ χιλιάδας εἰς τὰς πλατείας διὰ νὰ ἀκούσουν τοὺς ὑποψηφίους, οἱ ὁποῖοι ἐκθέτουν τὸ πρόγραμμα τοῦ κόμματος καὶ τὰς θέσεις του διὰ τὴν ἀνόρθωσιν τῆς χώρας. Αἱ ὁμιλίαι γίνονται δεκταὶ μὲ ἐνθουσιώδεις ἐπευφημίας καὶ ζητωκραυγάς. Ἡ ἀπήχησις τῶν λόγων εἰς τὴν ὕπαιθρον εἶναι ἰδιαιτέρως μεγάλη, ἐνῷ οἱ ἀγρόται δηλώνουν τὴν ἀπόφασίν των νὰ ὑποστηρίξουν τὴν ἀλλαγήν.

ΤΗΣ Β΄ ΠΕΡΙΦΕΡΕΙΑΣ ΠΕΙΡΑΙΩΣ

Ἡ ἐκλογικὴ κίνησις τῶν ὑποψηφίων βουλευτῶν τῆς Ἑνώσεως Κέντρου παρουσιάζει ἔξαρσιν εἰς ὅλας τὰς περιφερείας. Εἰς ὅλας τὰς περιοχὰς οἱ πολῖται συγκεντροῦνται κατὰ χιλιάδας εἰς τὰς πλατείας διὰ νὰ ἀκούσουν τοὺς ὑποψηφίους, οἱ ὁποῖοι ἐκθέτουν τὸ πρόγραμμα τοῦ κόμματος καὶ τὰς θέσεις του διὰ τὴν ἀνόρθωσιν τῆς χώρας. Αἱ ὁμιλίαι γίνονται δεκταὶ μὲ ἐνθουσιώδεις ἐπευφημίας καὶ ζητωκραυγάς. Ἡ ἀπήχησις τῶν λόγων εἰς τὴν ὕπαιθρον εἶναι ἰδιαιτέρως μεγάλη, ἐνῷ οἱ ἀγρόται δηλώνουν τὴν ἀπόφασίν των νὰ ὑποστηρίξουν τὴν ἀλλαγήν.

Ἡ ἐκλογικὴ κίνησις τῶν ὑποψηφίων βουλευτῶν τῆς Ἑνώσεως Κέντρου παρουσιάζει ἔξαρσιν εἰς ὅλας τὰς περιφερείας. Εἰς ὅλας τὰς περιοχὰς οἱ πολῖται συγκεντροῦνται κατὰ χιλιάδας εἰς τὰς πλατείας διὰ νὰ ἀκούσουν τοὺς ὑποψηφίους, οἱ ὁποῖοι ἐκθέτουν τὸ πρόγραμμα τοῦ κόμματος καὶ τὰς θέσεις του διὰ τὴν ἀνόρθωσιν τῆς χώρας. Αἱ ὁμιλίαι γίνονται δεκταὶ μὲ ἐνθουσιώδεις ἐπευφημίας καὶ ζητωκραυγάς. Ἡ ἀπήχησις τῶν λόγων εἰς τὴν ὕπαιθρον εἶναι ἰδιαιτέρως μεγάλη, ἐνῷ οἱ ἀγρόται δηλώνουν τὴν ἀπόφασίν των νὰ ὑποστηρίξουν τὴν ἀλλαγήν.

Ο ΥΠΟΨΗΦΙΟΙ ΤΗΣ Β΄ ΠΕΡΙΦΕΡΕΙΑΣ ΠΕΙΡΑΙΩΣ

Ἡ ἐκλογικὴ κίνησις τῶν ὑποψηφίων βουλευτῶν τῆς Ἑνώσεως Κέντρου παρουσιάζει ἔξαρσιν εἰς ὅλας τὰς περιφερείας. Εἰς ὅλας τὰς περιοχὰς οἱ πολῖται συγκεντροῦνται κατὰ χιλιάδας εἰς τὰς πλατείας διὰ νὰ ἀκούσουν τοὺς ὑποψηφίους, οἱ ὁποῖοι ἐκθέτουν τὸ πρόγραμμα τοῦ κόμματος καὶ τὰς θέσεις του διὰ τὴν ἀνόρθωσιν τῆς χώρας. Αἱ ὁμιλίαι γίνονται δεκταὶ μὲ ἐνθουσιώδεις ἐπευφημίας καὶ ζητωκραυγάς. Ἡ ἀπήχησις τῶν λόγων εἰς τὴν ὕπαιθρον εἶναι ἰδιαιτέρως μεγάλη, ἐνῷ οἱ ἀγρόται δηλώνουν τὴν ἀπόφασίν των νὰ ὑποστηρίξουν τὴν ἀλλαγήν.

Ἡ ἐκλογικὴ κίνησις τῶν ὑποψηφίων βουλευτῶν τῆς Ἑνώσεως Κέντρου παρουσιάζει ἔξαρσιν εἰς ὅλας τὰς περιφερείας. Εἰς ὅλας τὰς περιοχὰς οἱ πολῖται συγκεντροῦνται κατὰ χιλιάδας εἰς τὰς πλατείας διὰ νὰ ἀκούσουν τοὺς ὑποψηφίους, οἱ ὁποῖοι ἐκθέτουν τὸ πρόγραμμα τοῦ κόμματος καὶ τὰς θέσεις του διὰ τὴν ἀνόρθωσιν τῆς χώρας. Αἱ ὁμιλίαι γίνονται δεκταὶ μὲ ἐνθουσιώδεις ἐπευφημίας καὶ ζητωκραυγάς. Ἡ ἀπήχησις τῶν λόγων εἰς τὴν ὕπαιθρον εἶναι ἰδιαιτέρως μεγάλη, ἐνῷ οἱ ἀγρόται δηλώνουν τὴν ἀπόφασίν των νὰ ὑποστηρίξουν τὴν ἀλλαγήν.

ΘΡΙΑΜΒΕΥΤΙΚΗ ΝΙΚΗ ΠΡΟΒΛΕΠΕΤΑΙ ΕΙΣ ΕΥΒΟΙΑΝ

ΧΑΛΚΙΣ, 22

Ἡ ἐκλογικὴ κίνησις τῶν ὑποψηφίων βουλευτῶν τῆς Ἑνώσεως Κέντρου παρουσιάζει ἔξαρσιν εἰς ὅλας τὰς περιφερείας. Εἰς ὅλας τὰς περιοχὰς οἱ πολῖται συγκεντροῦνται κατὰ χιλιάδας εἰς τὰς πλατείας διὰ νὰ ἀκούσουν τοὺς ὑποψηφίους, οἱ ὁποῖοι ἐκθέτουν τὸ πρόγραμμα τοῦ κόμματος καὶ τὰς θέσεις του διὰ τὴν ἀνόρθωσιν τῆς χώρας. Αἱ ὁμιλίαι γίνονται δεκταὶ μὲ ἐνθουσιώδεις ἐπευφημίας καὶ ζητωκραυγάς. Ἡ ἀπήχησις τῶν λόγων εἰς τὴν ὕπαιθρον εἶναι ἰδιαιτέρως μεγάλη, ἐνῷ οἱ ἀγρόται δηλώνουν τὴν ἀπόφασίν των νὰ ὑποστηρίξουν τὴν ἀλλαγήν.

ΕΙΣ ΤΗΝ ΦΘΙΩΤΙΔΑ

Ἡ ἐκλογικὴ κίνησις τῶν ὑποψηφίων βουλευτῶν τῆς Ἑνώσεως Κέντρου παρουσιάζει ἔξαρσιν εἰς ὅλας τὰς περιφερείας. Εἰς ὅλας τὰς περιοχὰς οἱ πολῖται συγκεντροῦνται κατὰ χιλιάδας εἰς τὰς πλατείας διὰ νὰ ἀκούσουν τοὺς ὑποψηφίους, οἱ ὁποῖοι ἐκθέτουν τὸ πρόγραμμα τοῦ κόμματος καὶ τὰς θέσεις του διὰ τὴν ἀνόρθωσιν τῆς χώρας. Αἱ ὁμιλίαι γίνονται δεκταὶ μὲ ἐνθουσιώδεις ἐπευφημίας καὶ ζητωκραυγάς. Ἡ ἀπήχησις τῶν λόγων εἰς τὴν ὕπαιθρον εἶναι ἰδιαιτέρως μεγάλη, ἐνῷ οἱ ἀγρόται δηλώνουν τὴν ἀπόφασίν των νὰ ὑποστηρίξουν τὴν ἀλλαγήν.

ΕΙΣ ΑΙΤΩΛΟΑΚΑΡΝΑΝΙΑΝ

Ἡ ἐκλογικὴ κίνησις τῶν ὑποψηφίων βουλευτῶν τῆς Ἑνώσεως Κέντρου παρουσιάζει ἔξαρσιν εἰς ὅλας τὰς περιφερείας. Εἰς ὅλας τὰς περιοχὰς οἱ πολῖται συγκεντροῦνται κατὰ χιλιάδας εἰς τὰς πλατείας διὰ νὰ ἀκούσουν τοὺς ὑποψηφίους, οἱ ὁποῖοι ἐκθέτουν τὸ πρόγραμμα τοῦ κόμματος καὶ τὰς θέσεις του διὰ τὴν ἀνόρθωσιν τῆς χώρας. Αἱ ὁμιλίαι γίνονται δεκταὶ μὲ ἐνθουσιώδεις ἐπευφημίας καὶ ζητωκραυγάς. Ἡ ἀπήχησις τῶν λόγων εἰς τὴν ὕπαιθρον εἶναι ἰδιαιτέρως μεγάλη, ἐνῷ οἱ ἀγρόται δηλώνουν τὴν ἀπόφασίν των νὰ ὑποστηρίξουν τὴν ἀλλαγήν.

ΕΙΣ ΤΗΝ ΛΕΣΒΟΝ

Ἡ ἐκλογικὴ κίνησις τῶν ὑποψηφίων βουλευτῶν τῆς Ἑνώσεως Κέντρου παρουσιάζει ἔξαρσιν εἰς ὅλας τὰς περιφερείας. Εἰς ὅλας τὰς περιοχὰς οἱ πολῖται συγκεντροῦνται κατὰ χιλιάδας εἰς τὰς πλατείας διὰ νὰ ἀκούσουν τοὺς ὑποψηφίους, οἱ ὁποῖοι ἐκθέτουν τὸ πρόγραμμα τοῦ κόμματος καὶ τὰς θέσεις του διὰ τὴν ἀνόρθωσιν τῆς χώρας. Αἱ ὁμιλίαι γίνονται δεκταὶ μὲ ἐνθουσιώδεις ἐπευφημίας καὶ ζητωκραυγάς. Ἡ ἀπήχησις τῶν λόγων εἰς τὴν ὕπαιθρον εἶναι ἰδιαιτέρως μεγάλη, ἐνῷ οἱ ἀγρόται δηλώνουν τὴν ἀπόφασίν των νὰ ὑποστηρίξουν τὴν ἀλλαγήν.

ΜΙΑ ΕΚΚΛΗΣΙΣ ΠΡΟΣ ΤΟΥΣ ΚΑΤΟΙΚΟΥΣ ΑΘΗΝΩΝ ΚΑΙ ΠΕΙΡΑΙΩΣ

Ἡ ἐκλογικὴ κίνησις τῶν ὑποψηφίων βουλευτῶν τῆς Ἑνώσεως Κέντρου παρουσιάζει ἔξαρσιν εἰς ὅλας τὰς περιφερείας. Εἰς ὅλας τὰς περιοχὰς οἱ πολῖται συγκεντροῦνται κατὰ χιλιάδας εἰς τὰς πλατείας διὰ νὰ ἀκούσουν τοὺς ὑποψηφίους, οἱ ὁποῖοι ἐκθέτουν τὸ πρόγραμμα τοῦ κόμματος καὶ τὰς θέσεις του διὰ τὴν ἀνόρθωσιν τῆς χώρας. Αἱ ὁμιλίαι γίνονται δεκταὶ μὲ ἐνθουσιώδεις ἐπευφημίας καὶ ζητωκραυγάς. Ἡ ἀπήχησις τῶν λόγων εἰς τὴν ὕπαιθρον εἶναι ἰδιαιτέρως μεγάλη, ἐνῷ οἱ ἀγρόται δηλώνουν τὴν ἀπόφασίν των νὰ ὑποστηρίξουν τὴν ἀλλαγήν.

ΕΙΣ ΔΩΔΕΚΑΝΗΣΑ
ΑΠΟΓΟΗΤΕΥΣΙΣ ΥΠΟΨΗΦΙΟΥ ΤΗΣ ΕΡΕ ΕΙΣ ΤΗΝ ΚΩ

Ἡ ἐκλογικὴ κίνησις τῶν ὑποψηφίων βουλευτῶν τῆς Ἑνώσεως Κέντρου παρουσιάζει ἔξαρσιν εἰς ὅλας τὰς περιφερείας. Εἰς ὅλας τὰς περιοχὰς οἱ πολῖται συγκεντροῦνται κατὰ χιλιάδας εἰς τὰς πλατείας διὰ νὰ ἀκούσουν τοὺς ὑποψηφίους, οἱ ὁποῖοι ἐκθέτουν τὸ πρόγραμμα τοῦ κόμματος καὶ τὰς θέσεις του διὰ τὴν ἀνόρθωσιν τῆς χώρας. Αἱ ὁμιλίαι γίνονται δεκταὶ μὲ ἐνθουσιώδεις ἐπευφημίας καὶ ζητωκραυγάς. Ἡ ἀπήχησις τῶν λόγων εἰς τὴν ὕπαιθρον εἶναι ἰδιαιτέρως μεγάλη, ἐνῷ οἱ ἀγρόται δηλώνουν τὴν ἀπόφασίν των νὰ ὑποστηρίξουν τὴν ἀλλαγήν.

ΖΗΤΟΥΝ ΜΕΙΩΣΙΝ ΟΡΙΟΥ ΣΥΝΤΑΞΙΟΔΟΤΗΣΕΩΣ

Ἡ ἐκλογικὴ κίνησις τῶν ὑποψηφίων βουλευτῶν τῆς Ἑνώσεως Κέντρου παρουσιάζει ἔξαρσιν εἰς ὅλας τὰς περιφερείας. Εἰς ὅλας τὰς περιοχὰς οἱ πολῖται συγκεντροῦνται κατὰ χιλιάδας εἰς τὰς πλατείας διὰ νὰ ἀκούσουν τοὺς ὑποψηφίους, οἱ ὁποῖοι ἐκθέτουν τὸ πρόγραμμα τοῦ κόμματος καὶ τὰς θέσεις του διὰ τὴν ἀνόρθωσιν τῆς χώρας. Αἱ ὁμιλίαι γίνονται δεκταὶ μὲ ἐνθουσιώδεις ἐπευφημίας καὶ ζητωκραυγάς. Ἡ ἀπήχησις τῶν λόγων εἰς τὴν ὕπαιθρον εἶναι ἰδιαιτέρως μεγάλη, ἐνῷ οἱ ἀγρόται δηλώνουν τὴν ἀπόφασίν των νὰ ὑποστηρίξουν τὴν ἀλλαγήν.

Η ΚΑΤΑΣΤΡΟΦΗ ΤΗΣ ΕΘΝΙΚΗΣ ΟΔΟΥ ΑΘΗΝΩΝ — ΚΟΡΙΝΘΟΥ

Ἡ ἐκλογικὴ κίνησις τῶν ὑποψηφίων βουλευτῶν τῆς Ἑνώσεως Κέντρου παρουσιάζει ἔξαρσιν εἰς ὅλας τὰς περιφερείας. Εἰς ὅλας τὰς περιοχὰς οἱ πολῖται συγκεντροῦνται κατὰ χιλιάδας εἰς τὰς πλατείας διὰ νὰ ἀκούσουν τοὺς ὑποψηφίους, οἱ ὁποῖοι ἐκθέτουν τὸ πρόγραμμα τοῦ κόμματος καὶ τὰς θέσεις του διὰ τὴν ἀνόρθωσιν τῆς χώρας. Αἱ ὁμιλίαι γίνονται δεκταὶ μὲ ἐνθουσιώδεις ἐπευφημίας καὶ ζητωκραυγάς. Ἡ ἀπήχησις τῶν λόγων εἰς τὴν ὕπαιθρον εἶναι ἰδιαιτέρως μεγάλη, ἐνῷ οἱ ἀγρόται δηλώνουν τὴν ἀπόφασίν των νὰ ὑποστηρίξουν τὴν ἀλλαγήν.

ΟΙ ΤΙΤΛΟΙ ΞΕΝΟΔΟΧΩΝ ΕΛΛΗΝΩΝ ΕΙΣ ΑΙΓΥΠΤΟΝ

Ἡ ἐκλογικὴ κίνησις τῶν ὑποψηφίων βουλευτῶν τῆς Ἑνώσεως Κέντρου παρουσιάζει ἔξαρσιν εἰς ὅλας τὰς περιφερείας. Εἰς ὅλας τὰς περιοχὰς οἱ πολῖται συγκεντροῦνται κατὰ χιλιάδας εἰς τὰς πλατείας διὰ νὰ ἀκούσουν τοὺς ὑποψηφίους, οἱ ὁποῖοι ἐκθέτουν τὸ πρόγραμμα τοῦ κόμματος καὶ τὰς θέσεις του διὰ τὴν ἀνόρθωσιν τῆς χώρας. Αἱ ὁμιλίαι γίνονται δεκταὶ μὲ ἐνθουσιώδεις ἐπευφημίας καὶ ζητωκραυγάς. Ἡ ἀπήχησις τῶν λόγων εἰς τὴν ὕπαιθρον εἶναι ἰδιαιτέρως μεγάλη, ἐνῷ οἱ ἀγρόται δηλώνουν τὴν ἀπόφασίν των νὰ ὑποστηρίξουν τὴν ἀλλαγήν.

Η ΠΡΑΣΙΝΗ ΤΣΟΧΑ
Η ΣΥΝΕΧΕΙΑ ΑΠΟ ΤΗΝ ΣΕΛΙΔΑ 1

Ἡ ἐκλογικὴ κίνησις τῶν ὑποψηφίων βουλευτῶν τῆς Ἑνώσεως Κέντρου παρουσιάζει ἔξαρσιν εἰς ὅλας τὰς περιφερείας. Εἰς ὅλας τὰς περιοχὰς οἱ πολῖται συγκεντροῦνται κατὰ χιλιάδας εἰς τὰς πλατείας διὰ νὰ ἀκούσουν τοὺς ὑποψηφίους, οἱ ὁποῖοι ἐκθέτουν τὸ πρόγραμμα τοῦ κόμματος καὶ τὰς θέσεις του διὰ τὴν ἀνόρθωσιν τῆς χώρας. Αἱ ὁμιλίαι γίνονται δεκταὶ μὲ ἐνθουσιώδεις ἐπευφημίας καὶ ζητωκραυγάς. Ἡ ἀπήχησις τῶν λόγων εἰς τὴν ὕπαιθρον εἶναι ἰδιαιτέρως μεγάλη, ἐνῷ οἱ ἀγρόται δηλώνουν τὴν ἀπόφασίν των νὰ ὑποστηρίξουν τὴν ἀλλαγήν.

Ἡ ἐκλογικὴ κίνησις τῶν ὑποψηφίων βουλευτῶν τῆς Ἑνώσεως Κέντρου παρουσιάζει ἔξαρσιν εἰς ὅλας τὰς περιφερείας. Εἰς ὅλας τὰς περιοχὰς οἱ πολῖται συγκεντροῦνται κατὰ χιλιάδας εἰς τὰς πλατείας διὰ νὰ ἀκούσουν τοὺς ὑποψηφίους, οἱ ὁποῖοι ἐκθέτουν τὸ πρόγραμμα τοῦ κόμματος καὶ τὰς θέσεις του διὰ τὴν ἀνόρθωσιν τῆς χώρας. Αἱ ὁμιλίαι γίνονται δεκταὶ μὲ ἐνθουσιώδεις ἐπευφημίας καὶ ζητωκραυγάς. Ἡ ἀπήχησις τῶν λόγων εἰς τὴν ὕπαιθρον εἶναι ἰδιαιτέρως μεγάλη, ἐνῷ οἱ ἀγρόται δηλώνουν τὴν ἀπόφασίν των νὰ ὑποστηρίξουν τὴν ἀλλαγήν.

Ἡ ἐκλογικὴ κίνησις τῶν ὑποψηφίων βουλευτῶν τῆς Ἑνώσεως Κέντρου παρουσιάζει ἔξαρσιν εἰς ὅλας τὰς περιφερείας. Εἰς ὅλας τὰς περιοχὰς οἱ πολῖται συγκεντροῦνται κατὰ χιλιάδας εἰς τὰς πλατείας διὰ νὰ ἀκούσουν τοὺς ὑποψηφίους, οἱ ὁποῖοι ἐκθέτουν τὸ πρόγραμμα τοῦ κόμματος καὶ τὰς θέσεις του διὰ τὴν ἀνόρθωσιν τῆς χώρας. Αἱ ὁμιλίαι γίνονται δεκταὶ μὲ ἐνθουσιώδεις ἐπευφημίας καὶ ζητωκραυγάς. Ἡ ἀπήχησις τῶν λόγων εἰς τὴν ὕπαιθρον εἶναι ἰδιαιτέρως μεγάλη, ἐνῷ οἱ ἀγρόται δηλώνουν τὴν ἀπόφασίν των νὰ ὑποστηρίξουν τὴν ἀλλαγήν.

Ἡ ἐκλογικὴ κίνησις τῶν ὑποψηφίων βουλευτῶν τῆς Ἑνώσεως Κέντρου παρουσιάζει ἔξαρσιν εἰς ὅλας τὰς περιφερείας. Εἰς ὅλας τὰς περιοχὰς οἱ πολῖται συγκεντροῦνται κατὰ χιλιάδας εἰς τὰς πλατείας διὰ νὰ ἀκούσουν τοὺς ὑποψηφίους, οἱ ὁποῖοι ἐκθέτουν τὸ πρόγραμμα τοῦ κόμματος καὶ τὰς θέσεις του διὰ τὴν ἀνόρθωσιν τῆς χώρας. Αἱ ὁμιλίαι γίνονται δεκταὶ μὲ ἐνθουσιώδεις ἐπευφημίας καὶ ζητωκραυγάς. Ἡ ἀπήχησις τῶν λόγων εἰς τὴν ὕπαιθρον εἶναι ἰδιαιτέρως μεγάλη, ἐνῷ οἱ ἀγρόται δηλώνουν τὴν ἀπόφασίν των νὰ ὑποστηρίξουν τὴν ἀλλαγήν.

ΣΠΥΡΟΣ ΜΕΛΑΣ
ΕΠΑΝΑΣΤΑΣΙΝ ΤΩΝ ΑΓΡΟΤΩΝ
ΔΙΑΠΙΣΤΩΝΕΙ Ο κ. Γ. ΠΑΠΑΝΔΡΕΟΥ
Η ΣΥΝΕΧΕΙΑ ΑΠΟ ΤΗΝ ΣΕΛΙΔΑ 1

Ἡ ἐκλογικὴ κίνησις τῶν ὑποψηφίων βουλευτῶν τῆς Ἑνώσεως Κέντρου παρουσιάζει ἔξαρσιν εἰς ὅλας τὰς περιφερείας. Εἰς ὅλας τὰς περιοχὰς οἱ πολῖται συγκεντροῦνται κατὰ χιλιάδας εἰς τὰς πλατείας διὰ νὰ ἀκούσουν τοὺς ὑποψηφίους, οἱ ὁποῖοι ἐκθέτουν τὸ πρόγραμμα τοῦ κόμματος καὶ τὰς θέσεις του διὰ τὴν ἀνόρθωσιν τῆς χώρας. Αἱ ὁμιλίαι γίνονται δεκταὶ μὲ ἐνθουσιώδεις ἐπευφημίας καὶ ζητωκραυγάς. Ἡ ἀπήχησις τῶν λόγων εἰς τὴν ὕπαιθρον εἶναι ἰδιαιτέρως μεγάλη, ἐνῷ οἱ ἀγρόται δηλώνουν τὴν ἀπόφασίν των νὰ ὑποστηρίξουν τὴν ἀλλαγήν.

Ἡ ἐκλογικὴ κίνησις τῶν ὑποψηφίων βουλευτῶν τῆς Ἑνώσεως Κέντρου παρουσιάζει ἔξαρσιν εἰς ὅλας τὰς περιφερείας. Εἰς ὅλας τὰς περιοχὰς οἱ πολῖται συγκεντροῦνται κατὰ χιλιάδας εἰς τὰς πλατείας διὰ νὰ ἀκούσουν τοὺς ὑποψηφίους, οἱ ὁποῖοι ἐκθέτουν τὸ πρόγραμμα τοῦ κόμματος καὶ τὰς θέσεις του διὰ τὴν ἀνόρθωσιν τῆς χώρας. Αἱ ὁμιλίαι γίνονται δεκταὶ μὲ ἐνθουσιώδεις ἐπευφημίας καὶ ζητωκραυγάς. Ἡ ἀπήχησις τῶν λόγων εἰς τὴν ὕπαιθρον εἶναι ἰδιαιτέρως μεγάλη, ἐνῷ οἱ ἀγρόται δηλώνουν τὴν ἀπόφασίν των νὰ ὑποστηρίξουν τὴν ἀλλαγήν.

Ἡ ἐκλογικὴ κίνησις τῶν ὑποψηφίων βουλευτῶν τῆς Ἑνώσεως Κέντρου παρουσιάζει ἔξαρσιν εἰς ὅλας τὰς περιφερείας. Εἰς ὅλας τὰς περιοχὰς οἱ πολῖται συγκεντροῦνται κατὰ χιλιάδας εἰς τὰς πλατείας διὰ νὰ ἀκούσουν τοὺς ὑποψηφίους, οἱ ὁποῖοι ἐκθέτουν τὸ πρόγραμμα τοῦ κόμματος καὶ τὰς θέσεις του διὰ τὴν ἀνόρθωσιν τῆς χώρας. Αἱ ὁμιλίαι γίνονται δεκταὶ μὲ ἐνθουσιώδεις ἐπευφημίας καὶ ζητωκραυγάς. Ἡ ἀπήχησις τῶν λόγων εἰς τὴν ὕπαιθρον εἶναι ἰδιαιτέρως μεγάλη, ἐνῷ οἱ ἀγρόται δηλώνουν τὴν ἀπόφασίν των νὰ ὑποστηρίξουν τὴν ἀλλαγήν.

ΑΙ ΕΚΔΗΛΩΣΕΙΣ ΕΙΣ ΔΙΑΦΟΡΟΥΣ ΤΟΠΟΥΣ

Ἡ ἐκλογικὴ κίνησις τῶν ὑποψηφίων βουλευτῶν τῆς Ἑνώσεως Κέντρου παρουσιάζει ἔξαρσιν εἰς ὅλας τὰς περιφερείας. Εἰς ὅλας τὰς περιοχὰς οἱ πολῖται συγκεντροῦνται κατὰ χιλιάδας εἰς τὰς πλατείας διὰ νὰ ἀκούσουν τοὺς ὑποψηφίους, οἱ ὁποῖοι ἐκθέτουν τὸ πρόγραμμα τοῦ κόμματος καὶ τὰς θέσεις του διὰ τὴν ἀνόρθωσιν τῆς χώρας. Αἱ ὁμιλίαι γίνονται δεκταὶ μὲ ἐνθουσιώδεις ἐπευφημίας καὶ ζητωκραυγάς. Ἡ ἀπήχησις τῶν λόγων εἰς τὴν ὕπαιθρον εἶναι ἰδιαιτέρως μεγάλη, ἐνῷ οἱ ἀγρόται δηλώνουν τὴν ἀπόφασίν των νὰ ὑποστηρίξουν τὴν ἀλλαγήν.

Ἡ ἐκλογικὴ κίνησις τῶν ὑποψηφίων βουλευτῶν τῆς Ἑνώσεως Κέντρου παρουσιάζει ἔξαρσιν εἰς ὅλας τὰς περιφερείας. Εἰς ὅλας τὰς περιοχὰς οἱ πολῖται συγκεντροῦνται κατὰ χιλιάδας εἰς τὰς πλατείας διὰ νὰ ἀκούσουν τοὺς ὑποψηφίους, οἱ ὁποῖοι ἐκθέτουν τὸ πρόγραμμα τοῦ κόμματος καὶ τὰς θέσεις του διὰ τὴν ἀνόρθωσιν τῆς χώρας. Αἱ ὁμιλίαι γίνονται δεκταὶ μὲ ἐνθουσιώδεις ἐπευφημίας καὶ ζητωκραυγάς. Ἡ ἀπήχησις τῶν λόγων εἰς τὴν ὕπαιθρον εἶναι ἰδιαιτέρως μεγάλη, ἐνῷ οἱ ἀγρόται δηλώνουν τὴν ἀπόφασίν των νὰ ὑποστηρίξουν τὴν ἀλλαγήν.

Ο ΛΑΟΣ ΘΑ ΤΙΜΩΡΗΣΗ ΤΟΥΣ ΤΥΡΑΝΝΟΥΣ

Ἡ ἐκλογικὴ κίνησις τῶν ὑποψηφίων βουλευτῶν τῆς Ἑνώσεως Κέντρου παρουσιάζει ἔξαρσιν εἰς ὅλας τὰς περιφερείας. Εἰς ὅλας τὰς περιοχὰς οἱ πολῖται συγκεντροῦνται κατὰ χιλιάδας εἰς τὰς πλατείας διὰ νὰ ἀκούσουν τοὺς ὑποψηφίους, οἱ ὁποῖοι ἐκθέτουν τὸ πρόγραμμα τοῦ κόμματος καὶ τὰς θέσεις του διὰ τὴν ἀνόρθωσιν τῆς χώρας. Αἱ ὁμιλίαι γίνονται δεκταὶ μὲ ἐνθουσιώδεις ἐπευφημίας καὶ ζητωκραυγάς. Ἡ ἀπήχησις τῶν λόγων εἰς τὴν ὕπαιθρον εἶναι ἰδιαιτέρως μεγάλη, ἐνῷ οἱ ἀγρόται δηλώνουν τὴν ἀπόφασίν των νὰ ὑποστηρίξουν τὴν ἀλλαγήν.

Ἡ ἐκλογικὴ κίνησις τῶν ὑποψηφίων βουλευτῶν τῆς Ἑνώσεως Κέντρου παρουσιάζει ἔξαρσιν εἰς ὅλας τὰς περιφερείας. Εἰς ὅλας τὰς περιοχὰς οἱ πολῖται συγκεντροῦνται κατὰ χιλιάδας εἰς τὰς πλατείας διὰ νὰ ἀκούσουν τοὺς ὑποψηφίους, οἱ ὁποῖοι ἐκθέτουν τὸ πρόγραμμα τοῦ κόμματος καὶ τὰς θέσεις του διὰ τὴν ἀνόρθωσιν τῆς χώρας. Αἱ ὁμιλίαι γίνονται δεκταὶ μὲ ἐνθουσιώδεις ἐπευφημίας καὶ ζητωκραυγάς. Ἡ ἀπήχησις τῶν λόγων εἰς τὴν ὕπαιθρον εἶναι ἰδιαιτέρως μεγάλη, ἐνῷ οἱ ἀγρόται δηλώνουν τὴν ἀπόφασίν των νὰ ὑποστηρίξουν τὴν ἀλλαγήν.

Ἡ ἐκλογικὴ κίνησις τῶν ὑποψηφίων βουλευτῶν τῆς Ἑνώσεως Κέντρου παρουσιάζει ἔξαρσιν εἰς ὅλας τὰς περιφερείας. Εἰς ὅλας τὰς περιοχὰς οἱ πολῖται συγκεντροῦνται κατὰ χιλιάδας εἰς τὰς πλατείας διὰ νὰ ἀκούσουν τοὺς ὑποψηφίους, οἱ ὁποῖοι ἐκθέτουν τὸ πρόγραμμα τοῦ κόμματος καὶ τὰς θέσεις του διὰ τὴν ἀνόρθωσιν τῆς χώρας. Αἱ ὁμιλίαι γίνονται δεκταὶ μὲ ἐνθουσιώδεις ἐπευφημίας καὶ ζητωκραυγάς. Ἡ ἀπήχησις τῶν λόγων εἰς τὴν ὕπαιθρον εἶναι ἰδιαιτέρως μεγάλη, ἐνῷ οἱ ἀγρόται δηλώνουν τὴν ἀπόφασίν των νὰ ὑποστηρίξουν τὴν ἀλλαγήν.

ΣΗΜΕΡΟΝ ΕΙΣ ΡΟΔΟΝ

ΡΟΔΟΣ, 22

Ἡ ἐκλογικὴ κίνησις τῶν ὑποψηφίων βουλευτῶν τῆς Ἑνώσεως Κέντρου παρουσιάζει ἔξαρσιν εἰς ὅλας τὰς περιφερείας. Εἰς ὅλας τὰς περιοχὰς οἱ πολῖται συγκεντροῦνται κατὰ χιλιάδας εἰς τὰς πλατείας διὰ νὰ ἀκούσουν τοὺς ὑποψηφίους, οἱ ὁποῖοι ἐκθέτουν τὸ πρόγραμμα τοῦ κόμματος καὶ τὰς θέσεις του διὰ τὴν ἀνόρθωσιν τῆς χώρας. Αἱ ὁμιλίαι γίνονται δεκταὶ μὲ ἐνθουσιώδεις ἐπευφημίας καὶ ζητωκραυγάς. Ἡ ἀπήχησις τῶν λόγων εἰς τὴν ὕπαιθρον εἶναι ἰδιαιτέρως μεγάλη, ἐνῷ οἱ ἀγρόται δηλώνουν τὴν ἀπόφασίν των νὰ ὑποστηρίξουν τὴν ἀλλαγήν.

Ο κ. ΒΕΝΙΖΕΛΟΣ ΕΙΣ ΡΕΘΥΜΝΟΝ

ΧΑΝΙΑ, 22

Ἡ ἐκλογικὴ κίνησις τῶν ὑποψηφίων βουλευτῶν τῆς Ἑνώσεως Κέντρου παρουσιάζει ἔξαρσιν εἰς ὅλας τὰς περιφερείας. Εἰς ὅλας τὰς περιοχὰς οἱ πολῖται συγκεντροῦνται κατὰ χιλιάδας εἰς τὰς πλατείας διὰ νὰ ἀκούσουν τοὺς ὑποψηφίους, οἱ ὁποῖοι ἐκθέτουν τὸ πρόγραμμα τοῦ κόμματος καὶ τὰς θέσεις του διὰ τὴν ἀνόρθωσιν τῆς χώρας. Αἱ ὁμιλίαι γίνονται δεκταὶ μὲ ἐνθουσιώδεις ἐπευφημίας καὶ ζητωκραυγάς. Ἡ ἀπήχησις τῶν λόγων εἰς τὴν ὕπαιθρον εἶναι ἰδιαιτέρως μεγάλη, ἐνῷ οἱ ἀγρόται δηλώνουν τὴν ἀπόφασίν των νὰ ὑποστηρίξουν τὴν ἀλλαγήν.

Ἡ ἐκλογικὴ κίνησις τῶν ὑποψηφίων βουλευτῶν τῆς Ἑνώσεως Κέντρου παρουσιάζει ἔξαρσιν εἰς ὅλας τὰς περιφερείας. Εἰς ὅλας τὰς περιοχὰς οἱ πολῖται συγκεντροῦνται κατὰ χιλιάδας εἰς τὰς πλατείας διὰ νὰ ἀκούσουν τοὺς ὑποψηφίους, οἱ ὁποῖοι ἐκθέτουν τὸ πρόγραμμα τοῦ κόμματος καὶ τὰς θέσεις του διὰ τὴν ἀνόρθωσιν τῆς χώρας. Αἱ ὁμιλίαι γίνονται δεκταὶ μὲ ἐνθουσιώδεις ἐπευφημίας καὶ ζητωκραυγάς. Ἡ ἀπήχησις τῶν λόγων εἰς τὴν ὕπαιθρον εἶναι ἰδιαιτέρως μεγάλη, ἐνῷ οἱ ἀγρόται δηλώνουν τὴν ἀπόφασίν των νὰ ὑποστηρίξουν τὴν ἀλλαγήν.

Ἡ ἐκλογικὴ κίνησις τῶν ὑποψηφίων βουλευτῶν τῆς Ἑνώσεως Κέντρου παρουσιάζει ἔξαρσιν εἰς ὅλας τὰς περιφερείας. Εἰς ὅλας τὰς περιοχὰς οἱ πολῖται συγκεντροῦνται κατὰ χιλιάδας εἰς τὰς πλατείας διὰ νὰ ἀκούσουν τοὺς ὑποψηφίους, οἱ ὁποῖοι ἐκθέτουν τὸ πρόγραμμα τοῦ κόμματος καὶ τὰς θέσεις του διὰ τὴν ἀνόρθωσιν τῆς χώρας. Αἱ ὁμιλίαι γίνονται δεκταὶ μὲ ἐνθουσιώδεις ἐπευφημίας καὶ ζητωκραυγάς. Ἡ ἀπήχησις τῶν λόγων εἰς τὴν ὕπαιθρον εἶναι ἰδιαιτέρως μεγάλη, ἐνῷ οἱ ἀγρόται δηλώνουν τὴν ἀπόφασίν των νὰ ὑποστηρίξουν τὴν ἀλλαγήν.

Ἡ ἐκλογικὴ κίνησις τῶν ὑποψηφίων βουλευτῶν τῆς Ἑνώσεως Κέντρου παρουσιάζει ἔξαρσιν εἰς ὅλας τὰς περιφερείας. Εἰς ὅλας τὰς περιοχὰς οἱ πολῖται συγκεντροῦνται κατὰ χιλιάδας εἰς τὰς πλατείας διὰ νὰ ἀκούσουν τοὺς ὑποψηφίους, οἱ ὁποῖοι ἐκθέτουν τὸ πρόγραμμα τοῦ κόμματος καὶ τὰς θέσεις του διὰ τὴν ἀνόρθωσιν τῆς χώρας. Αἱ ὁμιλίαι γίνονται δεκταὶ μὲ ἐνθουσιώδεις ἐπευφημίας καὶ ζητωκραυγάς. Ἡ ἀπήχησις τῶν λόγων εἰς τὴν ὕπαιθρον εἶναι ἰδιαιτέρως μεγάλη, ἐνῷ οἱ ἀγρόται δηλώνουν τὴν ἀπόφασίν των νὰ ὑποστηρίξουν τὴν ἀλλαγήν.

Ἡ ἐκλογικὴ κίνησις τῶν ὑποψηφίων βουλευτῶν τῆς Ἑνώσεως Κέντρου παρουσιάζει ἔξαρσιν εἰς ὅλας τὰς περιφερείας. Εἰς ὅλας τὰς περιοχὰς οἱ πολῖται συγκεντροῦνται κατὰ χιλιάδας εἰς τὰς πλατείας διὰ νὰ ἀκούσουν τοὺς ὑποψηφίους, οἱ ὁποῖοι ἐκθέτουν τὸ πρόγραμμα τοῦ κόμματος καὶ τὰς θέσεις του διὰ τὴν ἀνόρθωσιν τῆς χώρας. Αἱ ὁμιλίαι γίνονται δεκταὶ μὲ ἐνθουσιώδεις ἐπευφημίας καὶ ζητωκραυγάς. Ἡ ἀπήχησις τῶν λόγων εἰς τὴν ὕπαιθρον εἶναι ἰδιαιτέρως μεγάλη, ἐνῷ οἱ ἀγρόται δηλώνουν τὴν ἀπόφασίν των νὰ ὑποστηρίξουν τὴν ἀλλαγήν.

ΟΙ ΦΑΡΜΑΚΟΫΠΑΛΛΗΛΟΙ ΚΑΤΗΛΘΟΝ ΕΙΣ 24ΩΡΟΝ ΑΠΕΡΓΙΑΝ ΔΙΑ ΤΗΝ ΕΙΣΦΟΡΑΝ ΤΟΥ ΤΑΜΕΙΟΥ ΤΩΝ
ΟΙ ΦΑΡΜΑΚΟΠΟΙΟΙ

Ἡ ἐκλογικὴ κίνησις τῶν ὑποψηφίων βουλευτῶν τῆς Ἑνώσεως Κέντρου παρουσιάζει ἔξαρσιν εἰς ὅλας τὰς περιφερείας. Εἰς ὅλας τὰς περιοχὰς οἱ πολῖται συγκεντροῦνται κατὰ χιλιάδας εἰς τὰς πλατείας διὰ νὰ ἀκούσουν τοὺς ὑποψηφίους, οἱ ὁποῖοι ἐκθέτουν τὸ πρόγραμμα τοῦ κόμματος καὶ τὰς θέσεις του διὰ τὴν ἀνόρθωσιν τῆς χώρας. Αἱ ὁμιλίαι γίνονται δεκταὶ μὲ ἐνθουσιώδεις ἐπευφημίας καὶ ζητωκραυγάς. Ἡ ἀπήχησις τῶν λόγων εἰς τὴν ὕπαιθρον εἶναι ἰδιαιτέρως μεγάλη, ἐνῷ οἱ ἀγρόται δηλώνουν τὴν ἀπόφασίν των νὰ ὑποστηρίξουν τὴν ἀλλαγήν.

ΔΥΣΧΕΡΗΣ Η ΕΚΛΟΓΗ ΤΟΥ ΛΟΡΔΟΥ ΧΙΟΥΜ ΩΣ ΒΟΥΛΕΥΤΟΥ, ΛΕΓΕΙ ΕΡΓΑΤΙΚΟΣ ΒΟΥΛΕΥΤΗΣ

ΛΟΝΔΙΝΟΝ, 22. (Ρώυτερ)

Ἡ ἐκλογικὴ κίνησις τῶν ὑποψηφίων βουλευτῶν τῆς Ἑνώσεως Κέντρου παρουσιάζει ἔξαρσιν εἰς ὅλας τὰς περιφερείας. Εἰς ὅλας τὰς περιοχὰς οἱ πολῖται συγκεντροῦνται κατὰ χιλιάδας εἰς τὰς πλατείας διὰ νὰ ἀκούσουν τοὺς ὑποψηφίους, οἱ ὁποῖοι ἐκθέτουν τὸ πρόγραμμα τοῦ κόμματος καὶ τὰς θέσεις του διὰ τὴν ἀνόρθωσιν τῆς χώρας. Αἱ ὁμιλίαι γίνονται δεκταὶ μὲ ἐνθουσιώδεις ἐπευφημίας καὶ ζητωκραυγάς. Ἡ ἀπήχησις τῶν λόγων εἰς τὴν ὕπαιθρον εἶναι ἰδιαιτέρως μεγάλη, ἐνῷ οἱ ἀγρόται δηλώνουν τὴν ἀπόφασίν των νὰ ὑποστηρίξουν τὴν ἀλλαγήν.

ΕΦΟΝΕΥΣΕ ΕΝΕΔΡΑΣ ΤΟΝ 28ΕΤΗ ΥΙΟΝ ΤΟΥ ΔΙΟΤΙ ΕΙΧΕ ΜΕΤ΄ ΑΥΤΟΥ ΚΤΗΜΑΤΙΚΑΣ ΔΙΑΦΟΡΑΣ

ΘΕΣΣΑΛΟΝΙΚΗ, 22

Ἡ ἐκλογικὴ κίνησις τῶν ὑποψηφίων βουλευτῶν τῆς Ἑνώσεως Κέντρου παρουσιάζει ἔξαρσιν εἰς ὅλας τὰς περιφερείας. Εἰς ὅλας τὰς περιοχὰς οἱ πολῖται συγκεντροῦνται κατὰ χιλιάδας εἰς τὰς πλατείας διὰ νὰ ἀκούσουν τοὺς ὑποψηφίους, οἱ ὁποῖοι ἐκθέτουν τὸ πρόγραμμα τοῦ κόμματος καὶ τὰς θέσεις του διὰ τὴν ἀνόρθωσιν τῆς χώρας. Αἱ ὁμιλίαι γίνονται δεκταὶ μὲ ἐνθουσιώδεις ἐπευφημίας καὶ ζητωκραυγάς. Ἡ ἀπήχησις τῶν λόγων εἰς τὴν ὕπαιθρον εἶναι ἰδιαιτέρως μεγάλη, ἐνῷ οἱ ἀγρόται δηλώνουν τὴν ἀπόφασίν των νὰ ὑποστηρίξουν τὴν ἀλλαγήν.

Ο ΠΟΛΙΤΙΚΟΣ ΔΕΝ ΕΧΕΙ ΑΝΑΓΚΗΝ ΤΟΥ ΛΑΟΥ ΕΙΠΕΝ ΕΙΣ ΤΗΝ ΚΕΡΚΥΡΑΝ Ο κ. ΚΑΡΑΜΑΝΛΗΣ
Η ΣΥΝΕΧΕΙΑ ΑΠΟ ΤΗΝ ΣΕΛΙΔΑ 1

Ἡ ἐκλογικὴ κίνησις τῶν ὑποψηφίων βουλευτῶν τῆς Ἑνώσεως Κέντρου παρουσιάζει ἔξαρσιν εἰς ὅλας τὰς περιφερείας. Εἰς ὅλας τὰς περιοχὰς οἱ πολῖται συγκεντροῦνται κατὰ χιλιάδας εἰς τὰς πλατείας διὰ νὰ ἀκούσουν τοὺς ὑποψηφίους, οἱ ὁποῖοι ἐκθέτουν τὸ πρόγραμμα τοῦ κόμματος καὶ τὰς θέσεις του διὰ τὴν ἀνόρθωσιν τῆς χώρας. Αἱ ὁμιλίαι γίνονται δεκταὶ μὲ ἐνθουσιώδεις ἐπευφημίας καὶ ζητωκραυγάς. Ἡ ἀπήχησις τῶν λόγων εἰς τὴν ὕπαιθρον εἶναι ἰδιαιτέρως μεγάλη, ἐνῷ οἱ ἀγρόται δηλώνουν τὴν ἀπόφασίν των νὰ ὑποστηρίξουν τὴν ἀλλαγήν.

Η ΟΜΙΛΙΑ

Ἡ ἐκλογικὴ κίνησις τῶν ὑποψηφίων βουλευτῶν τῆς Ἑνώσεως Κέντρου παρουσιάζει ἔξαρσιν εἰς ὅλας τὰς περιφερείας. Εἰς ὅλας τὰς περιοχὰς οἱ πολῖται συγκεντροῦνται κατὰ χιλιάδας εἰς τὰς πλατείας διὰ νὰ ἀκούσουν τοὺς ὑποψηφίους, οἱ ὁποῖοι ἐκθέτουν τὸ πρόγραμμα τοῦ κόμματος καὶ τὰς θέσεις του διὰ τὴν ἀνόρθωσιν τῆς χώρας. Αἱ ὁμιλίαι γίνονται δεκταὶ μὲ ἐνθουσιώδεις ἐπευφημίας καὶ ζητωκραυγάς. Ἡ ἀπήχησις τῶν λόγων εἰς τὴν ὕπαιθρον εἶναι ἰδιαιτέρως μεγάλη, ἐνῷ οἱ ἀγρόται δηλώνουν τὴν ἀπόφασίν των νὰ ὑποστηρίξουν τὴν ἀλλαγήν.

Ἡ ἐκλογικὴ κίνησις τῶν ὑποψηφίων βουλευτῶν τῆς Ἑνώσεως Κέντρου παρουσιάζει ἔξαρσιν εἰς ὅλας τὰς περιφερείας. Εἰς ὅλας τὰς περιοχὰς οἱ πολῖται συγκεντροῦνται κατὰ χιλιάδας εἰς τὰς πλατείας διὰ νὰ ἀκούσουν τοὺς ὑποψηφίους, οἱ ὁποῖοι ἐκθέτουν τὸ πρόγραμμα τοῦ κόμματος καὶ τὰς θέσεις του διὰ τὴν ἀνόρθωσιν τῆς χώρας. Αἱ ὁμιλίαι γίνονται δεκταὶ μὲ ἐνθουσιώδεις ἐπευφημίας καὶ ζητωκραυγάς. Ἡ ἀπήχησις τῶν λόγων εἰς τὴν ὕπαιθρον εἶναι ἰδιαιτέρως μεγάλη, ἐνῷ οἱ ἀγρόται δηλώνουν τὴν ἀπόφασίν των νὰ ὑποστηρίξουν τὴν ἀλλαγήν.

ΙΠΠΟΔΡΟΜΙΑΚΑ ΝΕΑ

Ἡ ἐκλογικὴ κίνησις τῶν ὑποψηφίων βουλευτῶν τῆς Ἑνώσεως Κέντρου παρουσιάζει ἔξαρσιν εἰς ὅλας τὰς περιφερείας. Εἰς ὅλας τὰς περιοχὰς οἱ πολῖται συγκεντροῦνται κατὰ χιλιάδας εἰς τὰς πλατείας διὰ νὰ ἀκούσουν τοὺς ὑποψηφίους, οἱ ὁποῖοι ἐκθέτουν τὸ πρόγραμμα τοῦ κόμματος καὶ τὰς θέσεις του διὰ τὴν ἀνόρθωσιν τῆς χώρας. Αἱ ὁμιλίαι γίνονται δεκταὶ μὲ ἐνθουσιώδεις ἐπευφημίας καὶ ζητωκραυγάς. Ἡ ἀπήχησις τῶν λόγων εἰς τὴν ὕπαιθρον εἶναι ἰδιαιτέρως μεγάλη, ἐνῷ οἱ ἀγρόται δηλώνουν τὴν ἀπόφασίν των νὰ ὑποστηρίξουν τὴν ἀλλαγήν.

ΕΙΣ ΚΕΦΑΛΛΗΝΙΑΝ

ΑΡΓΟΣΤΟΛΙΟΝ, 22

Ἡ ἐκλογικὴ κίνησις τῶν ὑποψηφίων βουλευτῶν τῆς Ἑνώσεως Κέντρου παρουσιάζει ἔξαρσιν εἰς ὅλας τὰς περιφερείας. Εἰς ὅλας τὰς περιοχὰς οἱ πολῖται συγκεντροῦνται κατὰ χιλιάδας εἰς τὰς πλατείας διὰ νὰ ἀκούσουν τοὺς ὑποψηφίους, οἱ ὁποῖοι ἐκθέτουν τὸ πρόγραμμα τοῦ κόμματος καὶ τὰς θέσεις του διὰ τὴν ἀνόρθωσιν τῆς χώρας. Αἱ ὁμιλίαι γίνονται δεκταὶ μὲ ἐνθουσιώδεις ἐπευφημίας καὶ ζητωκραυγάς. Ἡ ἀπήχησις τῶν λόγων εἰς τὴν ὕπαιθρον εἶναι ἰδιαιτέρως μεγάλη, ἐνῷ οἱ ἀγρόται δηλώνουν τὴν ἀπόφασίν των νὰ ὑποστηρίξουν τὴν ἀλλαγήν.

Ἡ ἐκλογικὴ κίνησις τῶν ὑποψηφίων βουλευτῶν τῆς Ἑνώσεως Κέντρου παρουσιάζει ἔξαρσιν εἰς ὅλας τὰς περιφερείας. Εἰς ὅλας τὰς περιοχὰς οἱ πολῖται συγκεντροῦνται κατὰ χιλιάδας εἰς τὰς πλατείας διὰ νὰ ἀκούσουν τοὺς ὑποψηφίους, οἱ ὁποῖοι ἐκθέτουν τὸ πρόγραμμα τοῦ κόμματος καὶ τὰς θέσεις του διὰ τὴν ἀνόρθωσιν τῆς χώρας. Αἱ ὁμιλίαι γίνονται δεκταὶ μὲ ἐνθουσιώδεις ἐπευφημίας καὶ ζητωκραυγάς. Ἡ ἀπήχησις τῶν λόγων εἰς τὴν ὕπαιθρον εἶναι ἰδιαιτέρως μεγάλη, ἐνῷ οἱ ἀγρόται δηλώνουν τὴν ἀπόφασίν των νὰ ὑποστηρίξουν τὴν ἀλλαγήν.

ΑΠΟΛΥΘΗΚΑΝ ΤΡΙΑΚΟΝΤΑ ΣΥΝΤΑΞΙΟΥΧΟΙ ΤΩΝ ΕΡΓΑΤΟ-Υ-ΠΑΛΛΗΛΩΝ

Ἡ ἐκλογικὴ κίνησις τῶν ὑποψηφίων βουλευτῶν τῆς Ἑνώσεως Κέντρου παρουσιάζει ἔξαρσιν εἰς ὅλας τὰς περιφερείας. Εἰς ὅλας τὰς περιοχὰς οἱ πολῖται συγκεντροῦνται κατὰ χιλιάδας εἰς τὰς πλατείας διὰ νὰ ἀκούσουν τοὺς ὑποψηφίους, οἱ ὁποῖοι ἐκθέτουν τὸ πρόγραμμα τοῦ κόμματος καὶ τὰς θέσεις του διὰ τὴν ἀνόρθωσιν τῆς χώρας. Αἱ ὁμιλίαι γίνονται δεκταὶ μὲ ἐνθουσιώδεις ἐπευφημίας καὶ ζητωκραυγάς. Ἡ ἀπήχησις τῶν λόγων εἰς τὴν ὕπαιθρον εἶναι ἰδιαιτέρως μεγάλη, ἐνῷ οἱ ἀγρόται δηλώνουν τὴν ἀπόφασίν των νὰ ὑποστηρίξουν τὴν ἀλλαγήν.

ΑΠΟΚΛΕΙ ΕΠΑΘΛΟΥ ΑΣΦΑΛΕΙΑΣ ΕΙΣ ΑΕΡΟΠΟΡΙΚΗΝ ΜΟΙΡΑΝ ΤΗΣ ΤΑΝΑΓΡΑΣ

Ἡ ἐκλογικὴ κίνησις τῶν ὑποψηφίων βουλευτῶν τῆς Ἑνώσεως Κέντρου παρουσιάζει ἔξαρσιν εἰς ὅλας τὰς περιφερείας. Εἰς ὅλας τὰς περιοχὰς οἱ πολῖται συγκεντροῦνται κατὰ χιλιάδας εἰς τὰς πλατείας διὰ νὰ ἀκούσουν τοὺς ὑποψηφίους, οἱ ὁποῖοι ἐκθέτουν τὸ πρόγραμμα τοῦ κόμματος καὶ τὰς θέσεις του διὰ τὴν ἀνόρθωσιν τῆς χώρας. Αἱ ὁμιλίαι γίνονται δεκταὶ μὲ ἐνθουσιώδεις ἐπευφημίας καὶ ζητωκραυγάς. Ἡ ἀπήχησις τῶν λόγων εἰς τὴν ὕπαιθρον εἶναι ἰδιαιτέρως μεγάλη, ἐνῷ οἱ ἀγρόται δηλώνουν τὴν ἀπόφασίν των νὰ ὑποστηρίξουν τὴν ἀλλαγήν.

ΑΠΕΦΑΣΙΣΘΗ
ΛΕΞΙΚΟΓΡΑΦΗΣΙΣ
Η ΣΥΝΕΧΕΙΑ ΑΠΟ ΤΗΝ ΣΕΛΙΔΑ 1

Ἡ ἐκλογικὴ κίνησις τῶν ὑποψηφίων βουλευτῶν τῆς Ἑνώσεως Κέντρου παρουσιάζει ἔξαρσιν εἰς ὅλας τὰς περιφερείας. Εἰς ὅλας τὰς περιοχὰς οἱ πολῖται συγκεντροῦνται κατὰ χιλιάδας εἰς τὰς πλατείας διὰ νὰ ἀκούσουν τοὺς ὑποψηφίους, οἱ ὁποῖοι ἐκθέτουν τὸ πρόγραμμα τοῦ κόμματος καὶ τὰς θέσεις του διὰ τὴν ἀνόρθωσιν τῆς χώρας. Αἱ ὁμιλίαι γίνονται δεκταὶ μὲ ἐνθουσιώδεις ἐπευφημίας καὶ ζητωκραυγάς. Ἡ ἀπήχησις τῶν λόγων εἰς τὴν ὕπαιθρον εἶναι ἰδιαιτέρως μεγάλη, ἐνῷ οἱ ἀγρόται δηλώνουν τὴν ἀπόφασίν των νὰ ὑποστηρίξουν τὴν ἀλλαγήν.

ΕΙΣ ΑΠΕΡΓΙΑΝ ΔΙΑΡΚΕΙΑΣ ΟΙ ΕΡΓΑΤΑΙ ΜΗΧΑΝΗΜΑΤΩΝ

Ἡ ἐκλογικὴ κίνησις τῶν ὑποψηφίων βουλευτῶν τῆς Ἑνώσεως Κέντρου παρουσιάζει ἔξαρσιν εἰς ὅλας τὰς περιφερείας. Εἰς ὅλας τὰς περιοχὰς οἱ πολῖται συγκεντροῦνται κατὰ χιλιάδας εἰς τὰς πλατείας διὰ νὰ ἀκούσουν τοὺς ὑποψηφίους, οἱ ὁποῖοι ἐκθέτουν τὸ πρόγραμμα τοῦ κόμματος καὶ τὰς θέσεις του διὰ τὴν ἀνόρθωσιν τῆς χώρας. Αἱ ὁμιλίαι γίνονται δεκταὶ μὲ ἐνθουσιώδεις ἐπευφημίας καὶ ζητωκραυγάς. Ἡ ἀπήχησις τῶν λόγων εἰς τὴν ὕπαιθρον εἶναι ἰδιαιτέρως μεγάλη, ἐνῷ οἱ ἀγρόται δηλώνουν τὴν ἀπόφασίν των νὰ ὑποστηρίξουν τὴν ἀλλαγήν.
